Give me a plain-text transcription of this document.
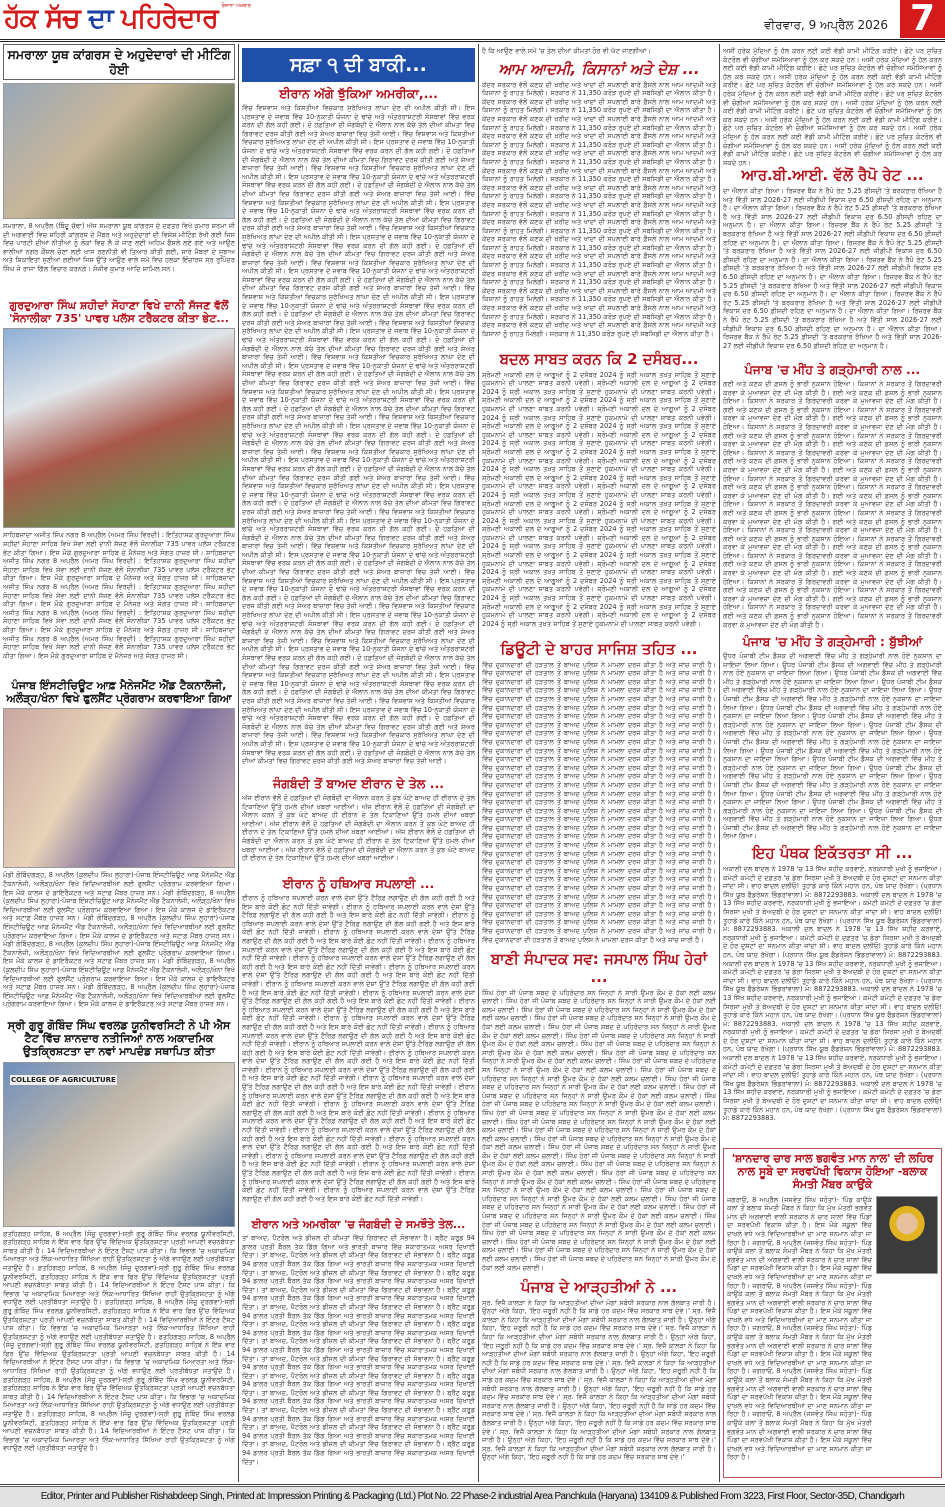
ਹੱਕ ਸੱਚ ਦਾ ਪਹਿਰੇਦਾਰ ਰੋਜ਼ਾਨਾ ਅਖ਼ਬਾਰ
ਵੀਰਵਾਰ, 9 ਅਪ੍ਰੈਲ 2026 7
ਸਮਰਾਲਾ ਯੂਥ ਕਾਂਗਰਸ ਦੇ ਅਹੁਦੇਦਾਰਾਂ ਦੀ ਮੀਟਿੰਗ ਹੋਈ
ਸਮਰਾਲਾ, 8 ਅਪ੍ਰੈਲ (ਬਿੰਦੂ ਚੱਢਾ) ਅੱਜ ਸਮਰਾਲਾ ਯੂਥ ਕਾਂਗਰਸ ਦੇ ਦਫ਼ਤਰ ਵਿਖੇ ਕੁਮਾਰ ਸ਼ਰਮਾ ਜੀ ਦੀ ਅਗਵਾਈ ਵਿਚ ਸ਼ਹਿਰੀ ਕਾਂਗਰਸ ਦੇ ਮੈਂਬਰ ਅਤੇ ਅਹੁਦੇਦਾਰਾਂ ਦੀ ਵਿਸ਼ੇਸ਼ ਮੀਟਿੰਗ ਰੱਖੀ ਗਈ ਜਿਸ ਵਿਚ ਪਾਰਟੀ ਦੀਆਂ ਨੀਤੀਆਂ ਨੂੰ ਲੋਕਾਂ ਵਿਚ ਲੈ ਕੇ ਜਾਣ ਲਈ ਅਹਿਮ ਫੈਸਲੇ ਲਏ ਗਏ ਅਤੇ ਆਉਣ ਵਾਲੀਆਂ ਨਗਰ ਕੌਂਸਲ ਚੋਣਾਂ ਲਈ ਖਾਸ ਰਣਨੀਤੀ ਵੀ ਤਿਆਰ ਕੀਤੀ ਗਈ, ਸਾਰੇ ਮੈਂਬਰਾਂ ਦੇ ਸੁਝਾਅ ਅਤੇ ਸ਼ਿਕਾਇਤਾਂ ਸੁਣੀਆਂ ਗਈਆਂ ਜਿਸ ਉੱਤੇ ਆਉਣ ਵਾਲੇ ਸਮੇਂ ਵਿਚ ਹਲਕਾ ਇੰਚਾਰਜ ਸ੍ਰ ਰੁਪਿੰਦਰ ਸਿੰਘ ਜੋ ਰਾਜਾ ਗਿੱਲ ਵਿਚਾਰ ਕਰਨਗੇ। ਸੰਜੀਵ ਕੁਮਾਰ ਆਦਿ ਸ਼ਾਮਿਲ ਸਨ।
ਗੁਰਦੁਆਰਾ ਸਿੰਘ ਸ਼ਹੀਦਾਂ ਸੋਹਾਣਾ ਵਿਖੇ ਦਾਨੀ ਸੱਜਣ ਵੱਲੋਂ 'ਸੋਨਾਲੀਕਾ 735' ਪਾਵਰ ਪਲੱਸ ਟਰੈਕਟਰ ਕੀਤਾ ਭੇਟ...
ਸਾਹਿਬਜ਼ਾਦਾ ਅਜੀਤ ਸਿੰਘ ਨਗਰ 8 ਅਪ੍ਰੈਲ (ਅਮਰ ਸਿੰਘ ਵਿਰਦੀ) : ਇਤਿਹਾਸਕ ਗੁਰਦੁਆਰਾ ਸਿੰਘ ਸ਼ਹੀਦਾਂ ਸੋਹਾਣਾ ਸਾਹਿਬ ਵਿਖੇ ਸੇਵਾ ਲਈ ਦਾਨੀ ਸੱਜਣ ਵੱਲੋਂ ਸੋਨਾਲੀਕਾ 735 ਪਾਵਰ ਪਲੱਸ ਟਰੈਕਟਰ ਭੇਟ ਕੀਤਾ ਗਿਆ। ਇਸ ਮੌਕੇ ਗੁਰਦੁਆਰਾ ਸਾਹਿਬ ਦੇ ਮੈਨੇਜਰ ਅਤੇ ਸੰਗਤ ਹਾਜ਼ਰ ਸੀ। ਸਾਹਿਬਜ਼ਾਦਾ ਅਜੀਤ ਸਿੰਘ ਨਗਰ 8 ਅਪ੍ਰੈਲ (ਅਮਰ ਸਿੰਘ ਵਿਰਦੀ) : ਇਤਿਹਾਸਕ ਗੁਰਦੁਆਰਾ ਸਿੰਘ ਸ਼ਹੀਦਾਂ ਸੋਹਾਣਾ ਸਾਹਿਬ ਵਿਖੇ ਸੇਵਾ ਲਈ ਦਾਨੀ ਸੱਜਣ ਵੱਲੋਂ ਸੋਨਾਲੀਕਾ 735 ਪਾਵਰ ਪਲੱਸ ਟਰੈਕਟਰ ਭੇਟ ਕੀਤਾ ਗਿਆ। ਇਸ ਮੌਕੇ ਗੁਰਦੁਆਰਾ ਸਾਹਿਬ ਦੇ ਮੈਨੇਜਰ ਅਤੇ ਸੰਗਤ ਹਾਜ਼ਰ ਸੀ। ਸਾਹਿਬਜ਼ਾਦਾ ਅਜੀਤ ਸਿੰਘ ਨਗਰ 8 ਅਪ੍ਰੈਲ (ਅਮਰ ਸਿੰਘ ਵਿਰਦੀ) : ਇਤਿਹਾਸਕ ਗੁਰਦੁਆਰਾ ਸਿੰਘ ਸ਼ਹੀਦਾਂ ਸੋਹਾਣਾ ਸਾਹਿਬ ਵਿਖੇ ਸੇਵਾ ਲਈ ਦਾਨੀ ਸੱਜਣ ਵੱਲੋਂ ਸੋਨਾਲੀਕਾ 735 ਪਾਵਰ ਪਲੱਸ ਟਰੈਕਟਰ ਭੇਟ ਕੀਤਾ ਗਿਆ। ਇਸ ਮੌਕੇ ਗੁਰਦੁਆਰਾ ਸਾਹਿਬ ਦੇ ਮੈਨੇਜਰ ਅਤੇ ਸੰਗਤ ਹਾਜ਼ਰ ਸੀ। ਸਾਹਿਬਜ਼ਾਦਾ ਅਜੀਤ ਸਿੰਘ ਨਗਰ 8 ਅਪ੍ਰੈਲ (ਅਮਰ ਸਿੰਘ ਵਿਰਦੀ) : ਇਤਿਹਾਸਕ ਗੁਰਦੁਆਰਾ ਸਿੰਘ ਸ਼ਹੀਦਾਂ ਸੋਹਾਣਾ ਸਾਹਿਬ ਵਿਖੇ ਸੇਵਾ ਲਈ ਦਾਨੀ ਸੱਜਣ ਵੱਲੋਂ ਸੋਨਾਲੀਕਾ 735 ਪਾਵਰ ਪਲੱਸ ਟਰੈਕਟਰ ਭੇਟ ਕੀਤਾ ਗਿਆ। ਇਸ ਮੌਕੇ ਗੁਰਦੁਆਰਾ ਸਾਹਿਬ ਦੇ ਮੈਨੇਜਰ ਅਤੇ ਸੰਗਤ ਹਾਜ਼ਰ ਸੀ। ਸਾਹਿਬਜ਼ਾਦਾ ਅਜੀਤ ਸਿੰਘ ਨਗਰ 8 ਅਪ੍ਰੈਲ (ਅਮਰ ਸਿੰਘ ਵਿਰਦੀ) : ਇਤਿਹਾਸਕ ਗੁਰਦੁਆਰਾ ਸਿੰਘ ਸ਼ਹੀਦਾਂ ਸੋਹਾਣਾ ਸਾਹਿਬ ਵਿਖੇ ਸੇਵਾ ਲਈ ਦਾਨੀ ਸੱਜਣ ਵੱਲੋਂ ਸੋਨਾਲੀਕਾ 735 ਪਾਵਰ ਪਲੱਸ ਟਰੈਕਟਰ ਭੇਟ ਕੀਤਾ ਗਿਆ। ਇਸ ਮੌਕੇ ਗੁਰਦੁਆਰਾ ਸਾਹਿਬ ਦੇ ਮੈਨੇਜਰ ਅਤੇ ਸੰਗਤ ਹਾਜ਼ਰ ਸੀ।
ਪੰਜਾਬ ਇੰਸਟੀਚਿਊਟ ਆਫ਼ ਮੈਨੇਜਮੈਂਟ ਐਂਡ ਟੈਕਨਾਲੋਜੀ, ਅਲੌੜ੍ਹ/ਖੰਨਾ ਵਿਖੇ ਫੁਲਸੈਂਟ ਪ੍ਰੋਗਰਾਮ ਕਰਵਾਇਆ ਗਿਆ
ਮੰਡੀ ਗੋਬਿੰਦਗੜ੍ਹ, 8 ਅਪ੍ਰੈਲ (ਕੁਲਦੀਪ ਸਿੰਘ ਲੁਹਾਰਾ)-ਪੰਜਾਬ ਇੰਸਟੀਚਿਊਟ ਆਫ਼ ਮੈਨੇਜਮੈਂਟ ਐਂਡ ਟੈਕਨਾਲੋਜੀ, ਅਲੌੜ੍ਹ/ਖੰਨਾ ਵਿਖੇ ਵਿਦਿਆਰਥੀਆਂ ਲਈ ਫੁਲਸੈਂਟ ਪ੍ਰੋਗਰਾਮ ਕਰਵਾਇਆ ਗਿਆ। ਇਸ ਮੌਕੇ ਕਾਲਜ ਦੇ ਡਾਇਰੈਕਟਰ ਅਤੇ ਸਟਾਫ਼ ਮੈਂਬਰ ਹਾਜ਼ਰ ਸਨ। ਮੰਡੀ ਗੋਬਿੰਦਗੜ੍ਹ, 8 ਅਪ੍ਰੈਲ (ਕੁਲਦੀਪ ਸਿੰਘ ਲੁਹਾਰਾ)-ਪੰਜਾਬ ਇੰਸਟੀਚਿਊਟ ਆਫ਼ ਮੈਨੇਜਮੈਂਟ ਐਂਡ ਟੈਕਨਾਲੋਜੀ, ਅਲੌੜ੍ਹ/ਖੰਨਾ ਵਿਖੇ ਵਿਦਿਆਰਥੀਆਂ ਲਈ ਫੁਲਸੈਂਟ ਪ੍ਰੋਗਰਾਮ ਕਰਵਾਇਆ ਗਿਆ। ਇਸ ਮੌਕੇ ਕਾਲਜ ਦੇ ਡਾਇਰੈਕਟਰ ਅਤੇ ਸਟਾਫ਼ ਮੈਂਬਰ ਹਾਜ਼ਰ ਸਨ। ਮੰਡੀ ਗੋਬਿੰਦਗੜ੍ਹ, 8 ਅਪ੍ਰੈਲ (ਕੁਲਦੀਪ ਸਿੰਘ ਲੁਹਾਰਾ)-ਪੰਜਾਬ ਇੰਸਟੀਚਿਊਟ ਆਫ਼ ਮੈਨੇਜਮੈਂਟ ਐਂਡ ਟੈਕਨਾਲੋਜੀ, ਅਲੌੜ੍ਹ/ਖੰਨਾ ਵਿਖੇ ਵਿਦਿਆਰਥੀਆਂ ਲਈ ਫੁਲਸੈਂਟ ਪ੍ਰੋਗਰਾਮ ਕਰਵਾਇਆ ਗਿਆ। ਇਸ ਮੌਕੇ ਕਾਲਜ ਦੇ ਡਾਇਰੈਕਟਰ ਅਤੇ ਸਟਾਫ਼ ਮੈਂਬਰ ਹਾਜ਼ਰ ਸਨ। ਮੰਡੀ ਗੋਬਿੰਦਗੜ੍ਹ, 8 ਅਪ੍ਰੈਲ (ਕੁਲਦੀਪ ਸਿੰਘ ਲੁਹਾਰਾ)-ਪੰਜਾਬ ਇੰਸਟੀਚਿਊਟ ਆਫ਼ ਮੈਨੇਜਮੈਂਟ ਐਂਡ ਟੈਕਨਾਲੋਜੀ, ਅਲੌੜ੍ਹ/ਖੰਨਾ ਵਿਖੇ ਵਿਦਿਆਰਥੀਆਂ ਲਈ ਫੁਲਸੈਂਟ ਪ੍ਰੋਗਰਾਮ ਕਰਵਾਇਆ ਗਿਆ। ਇਸ ਮੌਕੇ ਕਾਲਜ ਦੇ ਡਾਇਰੈਕਟਰ ਅਤੇ ਸਟਾਫ਼ ਮੈਂਬਰ ਹਾਜ਼ਰ ਸਨ। ਮੰਡੀ ਗੋਬਿੰਦਗੜ੍ਹ, 8 ਅਪ੍ਰੈਲ (ਕੁਲਦੀਪ ਸਿੰਘ ਲੁਹਾਰਾ)-ਪੰਜਾਬ ਇੰਸਟੀਚਿਊਟ ਆਫ਼ ਮੈਨੇਜਮੈਂਟ ਐਂਡ ਟੈਕਨਾਲੋਜੀ, ਅਲੌੜ੍ਹ/ਖੰਨਾ ਵਿਖੇ ਵਿਦਿਆਰਥੀਆਂ ਲਈ ਫੁਲਸੈਂਟ ਪ੍ਰੋਗਰਾਮ ਕਰਵਾਇਆ ਗਿਆ। ਇਸ ਮੌਕੇ ਕਾਲਜ ਦੇ ਡਾਇਰੈਕਟਰ ਅਤੇ ਸਟਾਫ਼ ਮੈਂਬਰ ਹਾਜ਼ਰ ਸਨ। ਮੰਡੀ ਗੋਬਿੰਦਗੜ੍ਹ, 8 ਅਪ੍ਰੈਲ (ਕੁਲਦੀਪ ਸਿੰਘ ਲੁਹਾਰਾ)-ਪੰਜਾਬ ਇੰਸਟੀਚਿਊਟ ਆਫ਼ ਮੈਨੇਜਮੈਂਟ ਐਂਡ ਟੈਕਨਾਲੋਜੀ, ਅਲੌੜ੍ਹ/ਖੰਨਾ ਵਿਖੇ ਵਿਦਿਆਰਥੀਆਂ ਲਈ ਫੁਲਸੈਂਟ ਪ੍ਰੋਗਰਾਮ ਕਰਵਾਇਆ ਗਿਆ। ਇਸ ਮੌਕੇ ਕਾਲਜ ਦੇ ਡਾਇਰੈਕਟਰ ਅਤੇ ਸਟਾਫ਼ ਮੈਂਬਰ ਹਾਜ਼ਰ ਸਨ।
ਸ੍ਰੀ ਗੁਰੂ ਗੋਬਿੰਦ ਸਿੰਘ ਵਰਲਡ ਯੂਨੀਵਰਸਿਟੀ ਨੇ ਪੀ ਐਸ ਟੈਟ ਵਿੱਚ ਸ਼ਾਨਦਾਰ ਨਤੀਜਿਆਂ ਨਾਲ ਅਕਾਦਮਿਕ ਉਤਕ੍ਰਿਸ਼ਟਤਾ ਦਾ ਨਵਾਂ ਮਾਪਦੰਡ ਸਥਾਪਿਤ ਕੀਤਾ
COLLEGE OF AGRICULTURE
ਫ਼ਤਹਿਗੜ੍ਹ ਸਾਹਿਬ, 8 ਅਪ੍ਰੈਲ (ਸੰਜੂ ਦੁਰਗਵਾ)-ਸ੍ਰੀ ਗੁਰੂ ਗੋਬਿੰਦ ਸਿੰਘ ਵਰਲਡ ਯੂਨੀਵਰਸਿਟੀ, ਫ਼ਤਹਿਗੜ੍ਹ ਸਾਹਿਬ ਨੇ ਇੱਕ ਵਾਰ ਫਿਰ ਉੱਚ ਵਿੱਦਿਅਕ ਉਤਕ੍ਰਿਸ਼ਟਤਾ ਪ੍ਰਤੀ ਆਪਣੀ ਵਚਨਬੱਧਤਾ ਸਾਬਤ ਕੀਤੀ ਹੈ। 14 ਵਿਦਿਆਰਥੀਆਂ ਨੇ ਇੰਟਰ ਟੈਸਟ ਪਾਸ ਕੀਤਾ। ਕਿ ਵਿਭਾਗ 'ਚ ਅਕਾਦਮਿਕ ਮਿਆਰਤਾ ਅਤੇ ਲਿੰਕ-ਆਧਾਰਿਤ ਸਿੱਖਿਆ ਰਾਹੀਂ ਉਤਕ੍ਰਿਸ਼ਟਤਾ ਨੂੰ ਅੱਗੇ ਵਧਾਉਣ ਲਈ ਪ੍ਰਤੀਬੱਧਤਾ ਜਤਾਉਂਦੇ ਹੈ। ਫ਼ਤਹਿਗੜ੍ਹ ਸਾਹਿਬ, 8 ਅਪ੍ਰੈਲ (ਸੰਜੂ ਦੁਰਗਵਾ)-ਸ੍ਰੀ ਗੁਰੂ ਗੋਬਿੰਦ ਸਿੰਘ ਵਰਲਡ ਯੂਨੀਵਰਸਿਟੀ, ਫ਼ਤਹਿਗੜ੍ਹ ਸਾਹਿਬ ਨੇ ਇੱਕ ਵਾਰ ਫਿਰ ਉੱਚ ਵਿੱਦਿਅਕ ਉਤਕ੍ਰਿਸ਼ਟਤਾ ਪ੍ਰਤੀ ਆਪਣੀ ਵਚਨਬੱਧਤਾ ਸਾਬਤ ਕੀਤੀ ਹੈ। 14 ਵਿਦਿਆਰਥੀਆਂ ਨੇ ਇੰਟਰ ਟੈਸਟ ਪਾਸ ਕੀਤਾ। ਕਿ ਵਿਭਾਗ 'ਚ ਅਕਾਦਮਿਕ ਮਿਆਰਤਾ ਅਤੇ ਲਿੰਕ-ਆਧਾਰਿਤ ਸਿੱਖਿਆ ਰਾਹੀਂ ਉਤਕ੍ਰਿਸ਼ਟਤਾ ਨੂੰ ਅੱਗੇ ਵਧਾਉਣ ਲਈ ਪ੍ਰਤੀਬੱਧਤਾ ਜਤਾਉਂਦੇ ਹੈ। ਫ਼ਤਹਿਗੜ੍ਹ ਸਾਹਿਬ, 8 ਅਪ੍ਰੈਲ (ਸੰਜੂ ਦੁਰਗਵਾ)-ਸ੍ਰੀ ਗੁਰੂ ਗੋਬਿੰਦ ਸਿੰਘ ਵਰਲਡ ਯੂਨੀਵਰਸਿਟੀ, ਫ਼ਤਹਿਗੜ੍ਹ ਸਾਹਿਬ ਨੇ ਇੱਕ ਵਾਰ ਫਿਰ ਉੱਚ ਵਿੱਦਿਅਕ ਉਤਕ੍ਰਿਸ਼ਟਤਾ ਪ੍ਰਤੀ ਆਪਣੀ ਵਚਨਬੱਧਤਾ ਸਾਬਤ ਕੀਤੀ ਹੈ। 14 ਵਿਦਿਆਰਥੀਆਂ ਨੇ ਇੰਟਰ ਟੈਸਟ ਪਾਸ ਕੀਤਾ। ਕਿ ਵਿਭਾਗ 'ਚ ਅਕਾਦਮਿਕ ਮਿਆਰਤਾ ਅਤੇ ਲਿੰਕ-ਆਧਾਰਿਤ ਸਿੱਖਿਆ ਰਾਹੀਂ ਉਤਕ੍ਰਿਸ਼ਟਤਾ ਨੂੰ ਅੱਗੇ ਵਧਾਉਣ ਲਈ ਪ੍ਰਤੀਬੱਧਤਾ ਜਤਾਉਂਦੇ ਹੈ। ਫ਼ਤਹਿਗੜ੍ਹ ਸਾਹਿਬ, 8 ਅਪ੍ਰੈਲ (ਸੰਜੂ ਦੁਰਗਵਾ)-ਸ੍ਰੀ ਗੁਰੂ ਗੋਬਿੰਦ ਸਿੰਘ ਵਰਲਡ ਯੂਨੀਵਰਸਿਟੀ, ਫ਼ਤਹਿਗੜ੍ਹ ਸਾਹਿਬ ਨੇ ਇੱਕ ਵਾਰ ਫਿਰ ਉੱਚ ਵਿੱਦਿਅਕ ਉਤਕ੍ਰਿਸ਼ਟਤਾ ਪ੍ਰਤੀ ਆਪਣੀ ਵਚਨਬੱਧਤਾ ਸਾਬਤ ਕੀਤੀ ਹੈ। 14 ਵਿਦਿਆਰਥੀਆਂ ਨੇ ਇੰਟਰ ਟੈਸਟ ਪਾਸ ਕੀਤਾ। ਕਿ ਵਿਭਾਗ 'ਚ ਅਕਾਦਮਿਕ ਮਿਆਰਤਾ ਅਤੇ ਲਿੰਕ-ਆਧਾਰਿਤ ਸਿੱਖਿਆ ਰਾਹੀਂ ਉਤਕ੍ਰਿਸ਼ਟਤਾ ਨੂੰ ਅੱਗੇ ਵਧਾਉਣ ਲਈ ਪ੍ਰਤੀਬੱਧਤਾ ਜਤਾਉਂਦੇ ਹੈ। ਫ਼ਤਹਿਗੜ੍ਹ ਸਾਹਿਬ, 8 ਅਪ੍ਰੈਲ (ਸੰਜੂ ਦੁਰਗਵਾ)-ਸ੍ਰੀ ਗੁਰੂ ਗੋਬਿੰਦ ਸਿੰਘ ਵਰਲਡ ਯੂਨੀਵਰਸਿਟੀ, ਫ਼ਤਹਿਗੜ੍ਹ ਸਾਹਿਬ ਨੇ ਇੱਕ ਵਾਰ ਫਿਰ ਉੱਚ ਵਿੱਦਿਅਕ ਉਤਕ੍ਰਿਸ਼ਟਤਾ ਪ੍ਰਤੀ ਆਪਣੀ ਵਚਨਬੱਧਤਾ ਸਾਬਤ ਕੀਤੀ ਹੈ। 14 ਵਿਦਿਆਰਥੀਆਂ ਨੇ ਇੰਟਰ ਟੈਸਟ ਪਾਸ ਕੀਤਾ। ਕਿ ਵਿਭਾਗ 'ਚ ਅਕਾਦਮਿਕ ਮਿਆਰਤਾ ਅਤੇ ਲਿੰਕ-ਆਧਾਰਿਤ ਸਿੱਖਿਆ ਰਾਹੀਂ ਉਤਕ੍ਰਿਸ਼ਟਤਾ ਨੂੰ ਅੱਗੇ ਵਧਾਉਣ ਲਈ ਪ੍ਰਤੀਬੱਧਤਾ ਜਤਾਉਂਦੇ ਹੈ। ਫ਼ਤਹਿਗੜ੍ਹ ਸਾਹਿਬ, 8 ਅਪ੍ਰੈਲ (ਸੰਜੂ ਦੁਰਗਵਾ)-ਸ੍ਰੀ ਗੁਰੂ ਗੋਬਿੰਦ ਸਿੰਘ ਵਰਲਡ ਯੂਨੀਵਰਸਿਟੀ, ਫ਼ਤਹਿਗੜ੍ਹ ਸਾਹਿਬ ਨੇ ਇੱਕ ਵਾਰ ਫਿਰ ਉੱਚ ਵਿੱਦਿਅਕ ਉਤਕ੍ਰਿਸ਼ਟਤਾ ਪ੍ਰਤੀ ਆਪਣੀ ਵਚਨਬੱਧਤਾ ਸਾਬਤ ਕੀਤੀ ਹੈ। 14 ਵਿਦਿਆਰਥੀਆਂ ਨੇ ਇੰਟਰ ਟੈਸਟ ਪਾਸ ਕੀਤਾ। ਕਿ ਵਿਭਾਗ 'ਚ ਅਕਾਦਮਿਕ ਮਿਆਰਤਾ ਅਤੇ ਲਿੰਕ-ਆਧਾਰਿਤ ਸਿੱਖਿਆ ਰਾਹੀਂ ਉਤਕ੍ਰਿਸ਼ਟਤਾ ਨੂੰ ਅੱਗੇ ਵਧਾਉਣ ਲਈ ਪ੍ਰਤੀਬੱਧਤਾ ਜਤਾਉਂਦੇ ਹੈ।
ਸਫ਼ਾ ੧ ਦੀ ਬਾਕੀ...
ਈਰਾਨ ਅੱਗੇ ਝੁੱਕਿਆ ਅਮਰੀਕਾ,...
ਵਿੱਚ ਵਿਸ਼ਵਾਸ ਅਤੇ ਕਿਸ਼ਤੀਆਂ ਵਿਚਕਾਰ ਸੁਰੱਖਿਅਤ ਲਾਂਘਾ ਦੇਣ ਦੀ ਅਪੀਲ ਕੀਤੀ ਸੀ। ਇਸ ਪ੍ਰਸਤਾਵ ਦੇ ਜਵਾਬ ਵਿੱਚ 10-ਨੁਕਾਤੀ ਯੋਜਨਾ ਦੇ ਢਾਂਚੇ ਅਤੇ ਅੰਤਰਰਾਸ਼ਟਰੀ ਸੰਸਥਾਵਾਂ ਵਿੱਚ ਵਰਕ ਕਰਨ ਦੀ ਗੱਲ ਕਹੀ ਗਈ। ਦੋ ਹਫ਼ਤਿਆਂ ਦੀ ਜੰਗਬੰਦੀ ਦੇ ਐਲਾਨ ਨਾਲ ਕੱਚੇ ਤੇਲ ਦੀਆਂ ਕੀਮਤਾਂ ਵਿਚ ਗਿਰਾਵਟ ਦਰਜ ਕੀਤੀ ਗਈ ਅਤੇ ਸ਼ੇਅਰ ਬਾਜ਼ਾਰਾਂ ਵਿਚ ਤੇਜ਼ੀ ਆਈ। ਵਿੱਚ ਵਿਸ਼ਵਾਸ ਅਤੇ ਕਿਸ਼ਤੀਆਂ ਵਿਚਕਾਰ ਸੁਰੱਖਿਅਤ ਲਾਂਘਾ ਦੇਣ ਦੀ ਅਪੀਲ ਕੀਤੀ ਸੀ। ਇਸ ਪ੍ਰਸਤਾਵ ਦੇ ਜਵਾਬ ਵਿੱਚ 10-ਨੁਕਾਤੀ ਯੋਜਨਾ ਦੇ ਢਾਂਚੇ ਅਤੇ ਅੰਤਰਰਾਸ਼ਟਰੀ ਸੰਸਥਾਵਾਂ ਵਿੱਚ ਵਰਕ ਕਰਨ ਦੀ ਗੱਲ ਕਹੀ ਗਈ। ਦੋ ਹਫ਼ਤਿਆਂ ਦੀ ਜੰਗਬੰਦੀ ਦੇ ਐਲਾਨ ਨਾਲ ਕੱਚੇ ਤੇਲ ਦੀਆਂ ਕੀਮਤਾਂ ਵਿਚ ਗਿਰਾਵਟ ਦਰਜ ਕੀਤੀ ਗਈ ਅਤੇ ਸ਼ੇਅਰ ਬਾਜ਼ਾਰਾਂ ਵਿਚ ਤੇਜ਼ੀ ਆਈ। ਵਿੱਚ ਵਿਸ਼ਵਾਸ ਅਤੇ ਕਿਸ਼ਤੀਆਂ ਵਿਚਕਾਰ ਸੁਰੱਖਿਅਤ ਲਾਂਘਾ ਦੇਣ ਦੀ ਅਪੀਲ ਕੀਤੀ ਸੀ। ਇਸ ਪ੍ਰਸਤਾਵ ਦੇ ਜਵਾਬ ਵਿੱਚ 10-ਨੁਕਾਤੀ ਯੋਜਨਾ ਦੇ ਢਾਂਚੇ ਅਤੇ ਅੰਤਰਰਾਸ਼ਟਰੀ ਸੰਸਥਾਵਾਂ ਵਿੱਚ ਵਰਕ ਕਰਨ ਦੀ ਗੱਲ ਕਹੀ ਗਈ। ਦੋ ਹਫ਼ਤਿਆਂ ਦੀ ਜੰਗਬੰਦੀ ਦੇ ਐਲਾਨ ਨਾਲ ਕੱਚੇ ਤੇਲ ਦੀਆਂ ਕੀਮਤਾਂ ਵਿਚ ਗਿਰਾਵਟ ਦਰਜ ਕੀਤੀ ਗਈ ਅਤੇ ਸ਼ੇਅਰ ਬਾਜ਼ਾਰਾਂ ਵਿਚ ਤੇਜ਼ੀ ਆਈ। ਵਿੱਚ ਵਿਸ਼ਵਾਸ ਅਤੇ ਕਿਸ਼ਤੀਆਂ ਵਿਚਕਾਰ ਸੁਰੱਖਿਅਤ ਲਾਂਘਾ ਦੇਣ ਦੀ ਅਪੀਲ ਕੀਤੀ ਸੀ। ਇਸ ਪ੍ਰਸਤਾਵ ਦੇ ਜਵਾਬ ਵਿੱਚ 10-ਨੁਕਾਤੀ ਯੋਜਨਾ ਦੇ ਢਾਂਚੇ ਅਤੇ ਅੰਤਰਰਾਸ਼ਟਰੀ ਸੰਸਥਾਵਾਂ ਵਿੱਚ ਵਰਕ ਕਰਨ ਦੀ ਗੱਲ ਕਹੀ ਗਈ। ਦੋ ਹਫ਼ਤਿਆਂ ਦੀ ਜੰਗਬੰਦੀ ਦੇ ਐਲਾਨ ਨਾਲ ਕੱਚੇ ਤੇਲ ਦੀਆਂ ਕੀਮਤਾਂ ਵਿਚ ਗਿਰਾਵਟ ਦਰਜ ਕੀਤੀ ਗਈ ਅਤੇ ਸ਼ੇਅਰ ਬਾਜ਼ਾਰਾਂ ਵਿਚ ਤੇਜ਼ੀ ਆਈ। ਵਿੱਚ ਵਿਸ਼ਵਾਸ ਅਤੇ ਕਿਸ਼ਤੀਆਂ ਵਿਚਕਾਰ ਸੁਰੱਖਿਅਤ ਲਾਂਘਾ ਦੇਣ ਦੀ ਅਪੀਲ ਕੀਤੀ ਸੀ। ਇਸ ਪ੍ਰਸਤਾਵ ਦੇ ਜਵਾਬ ਵਿੱਚ 10-ਨੁਕਾਤੀ ਯੋਜਨਾ ਦੇ ਢਾਂਚੇ ਅਤੇ ਅੰਤਰਰਾਸ਼ਟਰੀ ਸੰਸਥਾਵਾਂ ਵਿੱਚ ਵਰਕ ਕਰਨ ਦੀ ਗੱਲ ਕਹੀ ਗਈ। ਦੋ ਹਫ਼ਤਿਆਂ ਦੀ ਜੰਗਬੰਦੀ ਦੇ ਐਲਾਨ ਨਾਲ ਕੱਚੇ ਤੇਲ ਦੀਆਂ ਕੀਮਤਾਂ ਵਿਚ ਗਿਰਾਵਟ ਦਰਜ ਕੀਤੀ ਗਈ ਅਤੇ ਸ਼ੇਅਰ ਬਾਜ਼ਾਰਾਂ ਵਿਚ ਤੇਜ਼ੀ ਆਈ। ਵਿੱਚ ਵਿਸ਼ਵਾਸ ਅਤੇ ਕਿਸ਼ਤੀਆਂ ਵਿਚਕਾਰ ਸੁਰੱਖਿਅਤ ਲਾਂਘਾ ਦੇਣ ਦੀ ਅਪੀਲ ਕੀਤੀ ਸੀ। ਇਸ ਪ੍ਰਸਤਾਵ ਦੇ ਜਵਾਬ ਵਿੱਚ 10-ਨੁਕਾਤੀ ਯੋਜਨਾ ਦੇ ਢਾਂਚੇ ਅਤੇ ਅੰਤਰਰਾਸ਼ਟਰੀ ਸੰਸਥਾਵਾਂ ਵਿੱਚ ਵਰਕ ਕਰਨ ਦੀ ਗੱਲ ਕਹੀ ਗਈ। ਦੋ ਹਫ਼ਤਿਆਂ ਦੀ ਜੰਗਬੰਦੀ ਦੇ ਐਲਾਨ ਨਾਲ ਕੱਚੇ ਤੇਲ ਦੀਆਂ ਕੀਮਤਾਂ ਵਿਚ ਗਿਰਾਵਟ ਦਰਜ ਕੀਤੀ ਗਈ ਅਤੇ ਸ਼ੇਅਰ ਬਾਜ਼ਾਰਾਂ ਵਿਚ ਤੇਜ਼ੀ ਆਈ। ਵਿੱਚ ਵਿਸ਼ਵਾਸ ਅਤੇ ਕਿਸ਼ਤੀਆਂ ਵਿਚਕਾਰ ਸੁਰੱਖਿਅਤ ਲਾਂਘਾ ਦੇਣ ਦੀ ਅਪੀਲ ਕੀਤੀ ਸੀ। ਇਸ ਪ੍ਰਸਤਾਵ ਦੇ ਜਵਾਬ ਵਿੱਚ 10-ਨੁਕਾਤੀ ਯੋਜਨਾ ਦੇ ਢਾਂਚੇ ਅਤੇ ਅੰਤਰਰਾਸ਼ਟਰੀ ਸੰਸਥਾਵਾਂ ਵਿੱਚ ਵਰਕ ਕਰਨ ਦੀ ਗੱਲ ਕਹੀ ਗਈ। ਦੋ ਹਫ਼ਤਿਆਂ ਦੀ ਜੰਗਬੰਦੀ ਦੇ ਐਲਾਨ ਨਾਲ ਕੱਚੇ ਤੇਲ ਦੀਆਂ ਕੀਮਤਾਂ ਵਿਚ ਗਿਰਾਵਟ ਦਰਜ ਕੀਤੀ ਗਈ ਅਤੇ ਸ਼ੇਅਰ ਬਾਜ਼ਾਰਾਂ ਵਿਚ ਤੇਜ਼ੀ ਆਈ। ਵਿੱਚ ਵਿਸ਼ਵਾਸ ਅਤੇ ਕਿਸ਼ਤੀਆਂ ਵਿਚਕਾਰ ਸੁਰੱਖਿਅਤ ਲਾਂਘਾ ਦੇਣ ਦੀ ਅਪੀਲ ਕੀਤੀ ਸੀ। ਇਸ ਪ੍ਰਸਤਾਵ ਦੇ ਜਵਾਬ ਵਿੱਚ 10-ਨੁਕਾਤੀ ਯੋਜਨਾ ਦੇ ਢਾਂਚੇ ਅਤੇ ਅੰਤਰਰਾਸ਼ਟਰੀ ਸੰਸਥਾਵਾਂ ਵਿੱਚ ਵਰਕ ਕਰਨ ਦੀ ਗੱਲ ਕਹੀ ਗਈ। ਦੋ ਹਫ਼ਤਿਆਂ ਦੀ ਜੰਗਬੰਦੀ ਦੇ ਐਲਾਨ ਨਾਲ ਕੱਚੇ ਤੇਲ ਦੀਆਂ ਕੀਮਤਾਂ ਵਿਚ ਗਿਰਾਵਟ ਦਰਜ ਕੀਤੀ ਗਈ ਅਤੇ ਸ਼ੇਅਰ ਬਾਜ਼ਾਰਾਂ ਵਿਚ ਤੇਜ਼ੀ ਆਈ। ਵਿੱਚ ਵਿਸ਼ਵਾਸ ਅਤੇ ਕਿਸ਼ਤੀਆਂ ਵਿਚਕਾਰ ਸੁਰੱਖਿਅਤ ਲਾਂਘਾ ਦੇਣ ਦੀ ਅਪੀਲ ਕੀਤੀ ਸੀ। ਇਸ ਪ੍ਰਸਤਾਵ ਦੇ ਜਵਾਬ ਵਿੱਚ 10-ਨੁਕਾਤੀ ਯੋਜਨਾ ਦੇ ਢਾਂਚੇ ਅਤੇ ਅੰਤਰਰਾਸ਼ਟਰੀ ਸੰਸਥਾਵਾਂ ਵਿੱਚ ਵਰਕ ਕਰਨ ਦੀ ਗੱਲ ਕਹੀ ਗਈ। ਦੋ ਹਫ਼ਤਿਆਂ ਦੀ ਜੰਗਬੰਦੀ ਦੇ ਐਲਾਨ ਨਾਲ ਕੱਚੇ ਤੇਲ ਦੀਆਂ ਕੀਮਤਾਂ ਵਿਚ ਗਿਰਾਵਟ ਦਰਜ ਕੀਤੀ ਗਈ ਅਤੇ ਸ਼ੇਅਰ ਬਾਜ਼ਾਰਾਂ ਵਿਚ ਤੇਜ਼ੀ ਆਈ। ਵਿੱਚ ਵਿਸ਼ਵਾਸ ਅਤੇ ਕਿਸ਼ਤੀਆਂ ਵਿਚਕਾਰ ਸੁਰੱਖਿਅਤ ਲਾਂਘਾ ਦੇਣ ਦੀ ਅਪੀਲ ਕੀਤੀ ਸੀ। ਇਸ ਪ੍ਰਸਤਾਵ ਦੇ ਜਵਾਬ ਵਿੱਚ 10-ਨੁਕਾਤੀ ਯੋਜਨਾ ਦੇ ਢਾਂਚੇ ਅਤੇ ਅੰਤਰਰਾਸ਼ਟਰੀ ਸੰਸਥਾਵਾਂ ਵਿੱਚ ਵਰਕ ਕਰਨ ਦੀ ਗੱਲ ਕਹੀ ਗਈ। ਦੋ ਹਫ਼ਤਿਆਂ ਦੀ ਜੰਗਬੰਦੀ ਦੇ ਐਲਾਨ ਨਾਲ ਕੱਚੇ ਤੇਲ ਦੀਆਂ ਕੀਮਤਾਂ ਵਿਚ ਗਿਰਾਵਟ ਦਰਜ ਕੀਤੀ ਗਈ ਅਤੇ ਸ਼ੇਅਰ ਬਾਜ਼ਾਰਾਂ ਵਿਚ ਤੇਜ਼ੀ ਆਈ। ਵਿੱਚ ਵਿਸ਼ਵਾਸ ਅਤੇ ਕਿਸ਼ਤੀਆਂ ਵਿਚਕਾਰ ਸੁਰੱਖਿਅਤ ਲਾਂਘਾ ਦੇਣ ਦੀ ਅਪੀਲ ਕੀਤੀ ਸੀ। ਇਸ ਪ੍ਰਸਤਾਵ ਦੇ ਜਵਾਬ ਵਿੱਚ 10-ਨੁਕਾਤੀ ਯੋਜਨਾ ਦੇ ਢਾਂਚੇ ਅਤੇ ਅੰਤਰਰਾਸ਼ਟਰੀ ਸੰਸਥਾਵਾਂ ਵਿੱਚ ਵਰਕ ਕਰਨ ਦੀ ਗੱਲ ਕਹੀ ਗਈ। ਦੋ ਹਫ਼ਤਿਆਂ ਦੀ ਜੰਗਬੰਦੀ ਦੇ ਐਲਾਨ ਨਾਲ ਕੱਚੇ ਤੇਲ ਦੀਆਂ ਕੀਮਤਾਂ ਵਿਚ ਗਿਰਾਵਟ ਦਰਜ ਕੀਤੀ ਗਈ ਅਤੇ ਸ਼ੇਅਰ ਬਾਜ਼ਾਰਾਂ ਵਿਚ ਤੇਜ਼ੀ ਆਈ। ਵਿੱਚ ਵਿਸ਼ਵਾਸ ਅਤੇ ਕਿਸ਼ਤੀਆਂ ਵਿਚਕਾਰ ਸੁਰੱਖਿਅਤ ਲਾਂਘਾ ਦੇਣ ਦੀ ਅਪੀਲ ਕੀਤੀ ਸੀ। ਇਸ ਪ੍ਰਸਤਾਵ ਦੇ ਜਵਾਬ ਵਿੱਚ 10-ਨੁਕਾਤੀ ਯੋਜਨਾ ਦੇ ਢਾਂਚੇ ਅਤੇ ਅੰਤਰਰਾਸ਼ਟਰੀ ਸੰਸਥਾਵਾਂ ਵਿੱਚ ਵਰਕ ਕਰਨ ਦੀ ਗੱਲ ਕਹੀ ਗਈ। ਦੋ ਹਫ਼ਤਿਆਂ ਦੀ ਜੰਗਬੰਦੀ ਦੇ ਐਲਾਨ ਨਾਲ ਕੱਚੇ ਤੇਲ ਦੀਆਂ ਕੀਮਤਾਂ ਵਿਚ ਗਿਰਾਵਟ ਦਰਜ ਕੀਤੀ ਗਈ ਅਤੇ ਸ਼ੇਅਰ ਬਾਜ਼ਾਰਾਂ ਵਿਚ ਤੇਜ਼ੀ ਆਈ। ਵਿੱਚ ਵਿਸ਼ਵਾਸ ਅਤੇ ਕਿਸ਼ਤੀਆਂ ਵਿਚਕਾਰ ਸੁਰੱਖਿਅਤ ਲਾਂਘਾ ਦੇਣ ਦੀ ਅਪੀਲ ਕੀਤੀ ਸੀ। ਇਸ ਪ੍ਰਸਤਾਵ ਦੇ ਜਵਾਬ ਵਿੱਚ 10-ਨੁਕਾਤੀ ਯੋਜਨਾ ਦੇ ਢਾਂਚੇ ਅਤੇ ਅੰਤਰਰਾਸ਼ਟਰੀ ਸੰਸਥਾਵਾਂ ਵਿੱਚ ਵਰਕ ਕਰਨ ਦੀ ਗੱਲ ਕਹੀ ਗਈ। ਦੋ ਹਫ਼ਤਿਆਂ ਦੀ ਜੰਗਬੰਦੀ ਦੇ ਐਲਾਨ ਨਾਲ ਕੱਚੇ ਤੇਲ ਦੀਆਂ ਕੀਮਤਾਂ ਵਿਚ ਗਿਰਾਵਟ ਦਰਜ ਕੀਤੀ ਗਈ ਅਤੇ ਸ਼ੇਅਰ ਬਾਜ਼ਾਰਾਂ ਵਿਚ ਤੇਜ਼ੀ ਆਈ। ਵਿੱਚ ਵਿਸ਼ਵਾਸ ਅਤੇ ਕਿਸ਼ਤੀਆਂ ਵਿਚਕਾਰ ਸੁਰੱਖਿਅਤ ਲਾਂਘਾ ਦੇਣ ਦੀ ਅਪੀਲ ਕੀਤੀ ਸੀ। ਇਸ ਪ੍ਰਸਤਾਵ ਦੇ ਜਵਾਬ ਵਿੱਚ 10-ਨੁਕਾਤੀ ਯੋਜਨਾ ਦੇ ਢਾਂਚੇ ਅਤੇ ਅੰਤਰਰਾਸ਼ਟਰੀ ਸੰਸਥਾਵਾਂ ਵਿੱਚ ਵਰਕ ਕਰਨ ਦੀ ਗੱਲ ਕਹੀ ਗਈ। ਦੋ ਹਫ਼ਤਿਆਂ ਦੀ ਜੰਗਬੰਦੀ ਦੇ ਐਲਾਨ ਨਾਲ ਕੱਚੇ ਤੇਲ ਦੀਆਂ ਕੀਮਤਾਂ ਵਿਚ ਗਿਰਾਵਟ ਦਰਜ ਕੀਤੀ ਗਈ ਅਤੇ ਸ਼ੇਅਰ ਬਾਜ਼ਾਰਾਂ ਵਿਚ ਤੇਜ਼ੀ ਆਈ। ਵਿੱਚ ਵਿਸ਼ਵਾਸ ਅਤੇ ਕਿਸ਼ਤੀਆਂ ਵਿਚਕਾਰ ਸੁਰੱਖਿਅਤ ਲਾਂਘਾ ਦੇਣ ਦੀ ਅਪੀਲ ਕੀਤੀ ਸੀ। ਇਸ ਪ੍ਰਸਤਾਵ ਦੇ ਜਵਾਬ ਵਿੱਚ 10-ਨੁਕਾਤੀ ਯੋਜਨਾ ਦੇ ਢਾਂਚੇ ਅਤੇ ਅੰਤਰਰਾਸ਼ਟਰੀ ਸੰਸਥਾਵਾਂ ਵਿੱਚ ਵਰਕ ਕਰਨ ਦੀ ਗੱਲ ਕਹੀ ਗਈ। ਦੋ ਹਫ਼ਤਿਆਂ ਦੀ ਜੰਗਬੰਦੀ ਦੇ ਐਲਾਨ ਨਾਲ ਕੱਚੇ ਤੇਲ ਦੀਆਂ ਕੀਮਤਾਂ ਵਿਚ ਗਿਰਾਵਟ ਦਰਜ ਕੀਤੀ ਗਈ ਅਤੇ ਸ਼ੇਅਰ ਬਾਜ਼ਾਰਾਂ ਵਿਚ ਤੇਜ਼ੀ ਆਈ। ਵਿੱਚ ਵਿਸ਼ਵਾਸ ਅਤੇ ਕਿਸ਼ਤੀਆਂ ਵਿਚਕਾਰ ਸੁਰੱਖਿਅਤ ਲਾਂਘਾ ਦੇਣ ਦੀ ਅਪੀਲ ਕੀਤੀ ਸੀ। ਇਸ ਪ੍ਰਸਤਾਵ ਦੇ ਜਵਾਬ ਵਿੱਚ 10-ਨੁਕਾਤੀ ਯੋਜਨਾ ਦੇ ਢਾਂਚੇ ਅਤੇ ਅੰਤਰਰਾਸ਼ਟਰੀ ਸੰਸਥਾਵਾਂ ਵਿੱਚ ਵਰਕ ਕਰਨ ਦੀ ਗੱਲ ਕਹੀ ਗਈ। ਦੋ ਹਫ਼ਤਿਆਂ ਦੀ ਜੰਗਬੰਦੀ ਦੇ ਐਲਾਨ ਨਾਲ ਕੱਚੇ ਤੇਲ ਦੀਆਂ ਕੀਮਤਾਂ ਵਿਚ ਗਿਰਾਵਟ ਦਰਜ ਕੀਤੀ ਗਈ ਅਤੇ ਸ਼ੇਅਰ ਬਾਜ਼ਾਰਾਂ ਵਿਚ ਤੇਜ਼ੀ ਆਈ। ਵਿੱਚ ਵਿਸ਼ਵਾਸ ਅਤੇ ਕਿਸ਼ਤੀਆਂ ਵਿਚਕਾਰ ਸੁਰੱਖਿਅਤ ਲਾਂਘਾ ਦੇਣ ਦੀ ਅਪੀਲ ਕੀਤੀ ਸੀ। ਇਸ ਪ੍ਰਸਤਾਵ ਦੇ ਜਵਾਬ ਵਿੱਚ 10-ਨੁਕਾਤੀ ਯੋਜਨਾ ਦੇ ਢਾਂਚੇ ਅਤੇ ਅੰਤਰਰਾਸ਼ਟਰੀ ਸੰਸਥਾਵਾਂ ਵਿੱਚ ਵਰਕ ਕਰਨ ਦੀ ਗੱਲ ਕਹੀ ਗਈ। ਦੋ ਹਫ਼ਤਿਆਂ ਦੀ ਜੰਗਬੰਦੀ ਦੇ ਐਲਾਨ ਨਾਲ ਕੱਚੇ ਤੇਲ ਦੀਆਂ ਕੀਮਤਾਂ ਵਿਚ ਗਿਰਾਵਟ ਦਰਜ ਕੀਤੀ ਗਈ ਅਤੇ ਸ਼ੇਅਰ ਬਾਜ਼ਾਰਾਂ ਵਿਚ ਤੇਜ਼ੀ ਆਈ। ਵਿੱਚ ਵਿਸ਼ਵਾਸ ਅਤੇ ਕਿਸ਼ਤੀਆਂ ਵਿਚਕਾਰ ਸੁਰੱਖਿਅਤ ਲਾਂਘਾ ਦੇਣ ਦੀ ਅਪੀਲ ਕੀਤੀ ਸੀ। ਇਸ ਪ੍ਰਸਤਾਵ ਦੇ ਜਵਾਬ ਵਿੱਚ 10-ਨੁਕਾਤੀ ਯੋਜਨਾ ਦੇ ਢਾਂਚੇ ਅਤੇ ਅੰਤਰਰਾਸ਼ਟਰੀ ਸੰਸਥਾਵਾਂ ਵਿੱਚ ਵਰਕ ਕਰਨ ਦੀ ਗੱਲ ਕਹੀ ਗਈ। ਦੋ ਹਫ਼ਤਿਆਂ ਦੀ ਜੰਗਬੰਦੀ ਦੇ ਐਲਾਨ ਨਾਲ ਕੱਚੇ ਤੇਲ ਦੀਆਂ ਕੀਮਤਾਂ ਵਿਚ ਗਿਰਾਵਟ ਦਰਜ ਕੀਤੀ ਗਈ ਅਤੇ ਸ਼ੇਅਰ ਬਾਜ਼ਾਰਾਂ ਵਿਚ ਤੇਜ਼ੀ ਆਈ। ਵਿੱਚ ਵਿਸ਼ਵਾਸ ਅਤੇ ਕਿਸ਼ਤੀਆਂ ਵਿਚਕਾਰ ਸੁਰੱਖਿਅਤ ਲਾਂਘਾ ਦੇਣ ਦੀ ਅਪੀਲ ਕੀਤੀ ਸੀ। ਇਸ ਪ੍ਰਸਤਾਵ ਦੇ ਜਵਾਬ ਵਿੱਚ 10-ਨੁਕਾਤੀ ਯੋਜਨਾ ਦੇ ਢਾਂਚੇ ਅਤੇ ਅੰਤਰਰਾਸ਼ਟਰੀ ਸੰਸਥਾਵਾਂ ਵਿੱਚ ਵਰਕ ਕਰਨ ਦੀ ਗੱਲ ਕਹੀ ਗਈ। ਦੋ ਹਫ਼ਤਿਆਂ ਦੀ ਜੰਗਬੰਦੀ ਦੇ ਐਲਾਨ ਨਾਲ ਕੱਚੇ ਤੇਲ ਦੀਆਂ ਕੀਮਤਾਂ ਵਿਚ ਗਿਰਾਵਟ ਦਰਜ ਕੀਤੀ ਗਈ ਅਤੇ ਸ਼ੇਅਰ ਬਾਜ਼ਾਰਾਂ ਵਿਚ ਤੇਜ਼ੀ ਆਈ। ਵਿੱਚ ਵਿਸ਼ਵਾਸ ਅਤੇ ਕਿਸ਼ਤੀਆਂ ਵਿਚਕਾਰ ਸੁਰੱਖਿਅਤ ਲਾਂਘਾ ਦੇਣ ਦੀ ਅਪੀਲ ਕੀਤੀ ਸੀ। ਇਸ ਪ੍ਰਸਤਾਵ ਦੇ ਜਵਾਬ ਵਿੱਚ 10-ਨੁਕਾਤੀ ਯੋਜਨਾ ਦੇ ਢਾਂਚੇ ਅਤੇ ਅੰਤਰਰਾਸ਼ਟਰੀ ਸੰਸਥਾਵਾਂ ਵਿੱਚ ਵਰਕ ਕਰਨ ਦੀ ਗੱਲ ਕਹੀ ਗਈ। ਦੋ ਹਫ਼ਤਿਆਂ ਦੀ ਜੰਗਬੰਦੀ ਦੇ ਐਲਾਨ ਨਾਲ ਕੱਚੇ ਤੇਲ ਦੀਆਂ ਕੀਮਤਾਂ ਵਿਚ ਗਿਰਾਵਟ ਦਰਜ ਕੀਤੀ ਗਈ ਅਤੇ ਸ਼ੇਅਰ ਬਾਜ਼ਾਰਾਂ ਵਿਚ ਤੇਜ਼ੀ ਆਈ। ਵਿੱਚ ਵਿਸ਼ਵਾਸ ਅਤੇ ਕਿਸ਼ਤੀਆਂ ਵਿਚਕਾਰ ਸੁਰੱਖਿਅਤ ਲਾਂਘਾ ਦੇਣ ਦੀ ਅਪੀਲ ਕੀਤੀ ਸੀ। ਇਸ ਪ੍ਰਸਤਾਵ ਦੇ ਜਵਾਬ ਵਿੱਚ 10-ਨੁਕਾਤੀ ਯੋਜਨਾ ਦੇ ਢਾਂਚੇ ਅਤੇ ਅੰਤਰਰਾਸ਼ਟਰੀ ਸੰਸਥਾਵਾਂ ਵਿੱਚ ਵਰਕ ਕਰਨ ਦੀ ਗੱਲ ਕਹੀ ਗਈ। ਦੋ ਹਫ਼ਤਿਆਂ ਦੀ ਜੰਗਬੰਦੀ ਦੇ ਐਲਾਨ ਨਾਲ ਕੱਚੇ ਤੇਲ ਦੀਆਂ ਕੀਮਤਾਂ ਵਿਚ ਗਿਰਾਵਟ ਦਰਜ ਕੀਤੀ ਗਈ ਅਤੇ ਸ਼ੇਅਰ ਬਾਜ਼ਾਰਾਂ ਵਿਚ ਤੇਜ਼ੀ ਆਈ।
ਜੰਗਬੰਦੀ ਤੋਂ ਬਾਅਦ ਈਰਾਨ ਦੇ ਤੇਲ ...
ਅੱਜ ਈਰਾਨ ਵੱਲੋਂ ਦੋ ਹਫ਼ਤਿਆਂ ਦੀ ਜੰਗਬੰਦੀ ਦਾ ਐਲਾਨ ਕਰਨ ਤੋਂ ਕੁਝ ਘੰਟੇ ਬਾਅਦ ਹੀ ਈਰਾਨ ਦੇ ਤੇਲ ਟਿਕਾਣਿਆਂ ਉੱਤੇ ਹਮਲੇ ਦੀਆਂ ਖ਼ਬਰਾਂ ਆਈਆਂ। ਅੱਜ ਈਰਾਨ ਵੱਲੋਂ ਦੋ ਹਫ਼ਤਿਆਂ ਦੀ ਜੰਗਬੰਦੀ ਦਾ ਐਲਾਨ ਕਰਨ ਤੋਂ ਕੁਝ ਘੰਟੇ ਬਾਅਦ ਹੀ ਈਰਾਨ ਦੇ ਤੇਲ ਟਿਕਾਣਿਆਂ ਉੱਤੇ ਹਮਲੇ ਦੀਆਂ ਖ਼ਬਰਾਂ ਆਈਆਂ। ਅੱਜ ਈਰਾਨ ਵੱਲੋਂ ਦੋ ਹਫ਼ਤਿਆਂ ਦੀ ਜੰਗਬੰਦੀ ਦਾ ਐਲਾਨ ਕਰਨ ਤੋਂ ਕੁਝ ਘੰਟੇ ਬਾਅਦ ਹੀ ਈਰਾਨ ਦੇ ਤੇਲ ਟਿਕਾਣਿਆਂ ਉੱਤੇ ਹਮਲੇ ਦੀਆਂ ਖ਼ਬਰਾਂ ਆਈਆਂ। ਅੱਜ ਈਰਾਨ ਵੱਲੋਂ ਦੋ ਹਫ਼ਤਿਆਂ ਦੀ ਜੰਗਬੰਦੀ ਦਾ ਐਲਾਨ ਕਰਨ ਤੋਂ ਕੁਝ ਘੰਟੇ ਬਾਅਦ ਹੀ ਈਰਾਨ ਦੇ ਤੇਲ ਟਿਕਾਣਿਆਂ ਉੱਤੇ ਹਮਲੇ ਦੀਆਂ ਖ਼ਬਰਾਂ ਆਈਆਂ। ਅੱਜ ਈਰਾਨ ਵੱਲੋਂ ਦੋ ਹਫ਼ਤਿਆਂ ਦੀ ਜੰਗਬੰਦੀ ਦਾ ਐਲਾਨ ਕਰਨ ਤੋਂ ਕੁਝ ਘੰਟੇ ਬਾਅਦ ਹੀ ਈਰਾਨ ਦੇ ਤੇਲ ਟਿਕਾਣਿਆਂ ਉੱਤੇ ਹਮਲੇ ਦੀਆਂ ਖ਼ਬਰਾਂ ਆਈਆਂ।
ਈਰਾਨ ਨੂੰ ਹਥਿਆਰ ਸਪਲਾਈ ...
ਈਰਾਨ ਨੂੰ ਹਥਿਆਰ ਸਪਲਾਈ ਕਰਨ ਵਾਲੇ ਦੇਸ਼ਾਂ ਉੱਤੇ ਟੈਰਿਫ਼ ਲਗਾਉਣ ਦੀ ਗੱਲ ਕਹੀ ਗਈ ਹੈ ਅਤੇ ਇਸ ਬਾਰੇ ਕੋਈ ਛੋਟ ਨਹੀਂ ਦਿੱਤੀ ਜਾਵੇਗੀ। ਈਰਾਨ ਨੂੰ ਹਥਿਆਰ ਸਪਲਾਈ ਕਰਨ ਵਾਲੇ ਦੇਸ਼ਾਂ ਉੱਤੇ ਟੈਰਿਫ਼ ਲਗਾਉਣ ਦੀ ਗੱਲ ਕਹੀ ਗਈ ਹੈ ਅਤੇ ਇਸ ਬਾਰੇ ਕੋਈ ਛੋਟ ਨਹੀਂ ਦਿੱਤੀ ਜਾਵੇਗੀ। ਈਰਾਨ ਨੂੰ ਹਥਿਆਰ ਸਪਲਾਈ ਕਰਨ ਵਾਲੇ ਦੇਸ਼ਾਂ ਉੱਤੇ ਟੈਰਿਫ਼ ਲਗਾਉਣ ਦੀ ਗੱਲ ਕਹੀ ਗਈ ਹੈ ਅਤੇ ਇਸ ਬਾਰੇ ਕੋਈ ਛੋਟ ਨਹੀਂ ਦਿੱਤੀ ਜਾਵੇਗੀ। ਈਰਾਨ ਨੂੰ ਹਥਿਆਰ ਸਪਲਾਈ ਕਰਨ ਵਾਲੇ ਦੇਸ਼ਾਂ ਉੱਤੇ ਟੈਰਿਫ਼ ਲਗਾਉਣ ਦੀ ਗੱਲ ਕਹੀ ਗਈ ਹੈ ਅਤੇ ਇਸ ਬਾਰੇ ਕੋਈ ਛੋਟ ਨਹੀਂ ਦਿੱਤੀ ਜਾਵੇਗੀ। ਈਰਾਨ ਨੂੰ ਹਥਿਆਰ ਸਪਲਾਈ ਕਰਨ ਵਾਲੇ ਦੇਸ਼ਾਂ ਉੱਤੇ ਟੈਰਿਫ਼ ਲਗਾਉਣ ਦੀ ਗੱਲ ਕਹੀ ਗਈ ਹੈ ਅਤੇ ਇਸ ਬਾਰੇ ਕੋਈ ਛੋਟ ਨਹੀਂ ਦਿੱਤੀ ਜਾਵੇਗੀ। ਈਰਾਨ ਨੂੰ ਹਥਿਆਰ ਸਪਲਾਈ ਕਰਨ ਵਾਲੇ ਦੇਸ਼ਾਂ ਉੱਤੇ ਟੈਰਿਫ਼ ਲਗਾਉਣ ਦੀ ਗੱਲ ਕਹੀ ਗਈ ਹੈ ਅਤੇ ਇਸ ਬਾਰੇ ਕੋਈ ਛੋਟ ਨਹੀਂ ਦਿੱਤੀ ਜਾਵੇਗੀ। ਈਰਾਨ ਨੂੰ ਹਥਿਆਰ ਸਪਲਾਈ ਕਰਨ ਵਾਲੇ ਦੇਸ਼ਾਂ ਉੱਤੇ ਟੈਰਿਫ਼ ਲਗਾਉਣ ਦੀ ਗੱਲ ਕਹੀ ਗਈ ਹੈ ਅਤੇ ਇਸ ਬਾਰੇ ਕੋਈ ਛੋਟ ਨਹੀਂ ਦਿੱਤੀ ਜਾਵੇਗੀ। ਈਰਾਨ ਨੂੰ ਹਥਿਆਰ ਸਪਲਾਈ ਕਰਨ ਵਾਲੇ ਦੇਸ਼ਾਂ ਉੱਤੇ ਟੈਰਿਫ਼ ਲਗਾਉਣ ਦੀ ਗੱਲ ਕਹੀ ਗਈ ਹੈ ਅਤੇ ਇਸ ਬਾਰੇ ਕੋਈ ਛੋਟ ਨਹੀਂ ਦਿੱਤੀ ਜਾਵੇਗੀ। ਈਰਾਨ ਨੂੰ ਹਥਿਆਰ ਸਪਲਾਈ ਕਰਨ ਵਾਲੇ ਦੇਸ਼ਾਂ ਉੱਤੇ ਟੈਰਿਫ਼ ਲਗਾਉਣ ਦੀ ਗੱਲ ਕਹੀ ਗਈ ਹੈ ਅਤੇ ਇਸ ਬਾਰੇ ਕੋਈ ਛੋਟ ਨਹੀਂ ਦਿੱਤੀ ਜਾਵੇਗੀ। ਈਰਾਨ ਨੂੰ ਹਥਿਆਰ ਸਪਲਾਈ ਕਰਨ ਵਾਲੇ ਦੇਸ਼ਾਂ ਉੱਤੇ ਟੈਰਿਫ਼ ਲਗਾਉਣ ਦੀ ਗੱਲ ਕਹੀ ਗਈ ਹੈ ਅਤੇ ਇਸ ਬਾਰੇ ਕੋਈ ਛੋਟ ਨਹੀਂ ਦਿੱਤੀ ਜਾਵੇਗੀ। ਈਰਾਨ ਨੂੰ ਹਥਿਆਰ ਸਪਲਾਈ ਕਰਨ ਵਾਲੇ ਦੇਸ਼ਾਂ ਉੱਤੇ ਟੈਰਿਫ਼ ਲਗਾਉਣ ਦੀ ਗੱਲ ਕਹੀ ਗਈ ਹੈ ਅਤੇ ਇਸ ਬਾਰੇ ਕੋਈ ਛੋਟ ਨਹੀਂ ਦਿੱਤੀ ਜਾਵੇਗੀ। ਈਰਾਨ ਨੂੰ ਹਥਿਆਰ ਸਪਲਾਈ ਕਰਨ ਵਾਲੇ ਦੇਸ਼ਾਂ ਉੱਤੇ ਟੈਰਿਫ਼ ਲਗਾਉਣ ਦੀ ਗੱਲ ਕਹੀ ਗਈ ਹੈ ਅਤੇ ਇਸ ਬਾਰੇ ਕੋਈ ਛੋਟ ਨਹੀਂ ਦਿੱਤੀ ਜਾਵੇਗੀ। ਈਰਾਨ ਨੂੰ ਹਥਿਆਰ ਸਪਲਾਈ ਕਰਨ ਵਾਲੇ ਦੇਸ਼ਾਂ ਉੱਤੇ ਟੈਰਿਫ਼ ਲਗਾਉਣ ਦੀ ਗੱਲ ਕਹੀ ਗਈ ਹੈ ਅਤੇ ਇਸ ਬਾਰੇ ਕੋਈ ਛੋਟ ਨਹੀਂ ਦਿੱਤੀ ਜਾਵੇਗੀ। ਈਰਾਨ ਨੂੰ ਹਥਿਆਰ ਸਪਲਾਈ ਕਰਨ ਵਾਲੇ ਦੇਸ਼ਾਂ ਉੱਤੇ ਟੈਰਿਫ਼ ਲਗਾਉਣ ਦੀ ਗੱਲ ਕਹੀ ਗਈ ਹੈ ਅਤੇ ਇਸ ਬਾਰੇ ਕੋਈ ਛੋਟ ਨਹੀਂ ਦਿੱਤੀ ਜਾਵੇਗੀ। ਈਰਾਨ ਨੂੰ ਹਥਿਆਰ ਸਪਲਾਈ ਕਰਨ ਵਾਲੇ ਦੇਸ਼ਾਂ ਉੱਤੇ ਟੈਰਿਫ਼ ਲਗਾਉਣ ਦੀ ਗੱਲ ਕਹੀ ਗਈ ਹੈ ਅਤੇ ਇਸ ਬਾਰੇ ਕੋਈ ਛੋਟ ਨਹੀਂ ਦਿੱਤੀ ਜਾਵੇਗੀ। ਈਰਾਨ ਨੂੰ ਹਥਿਆਰ ਸਪਲਾਈ ਕਰਨ ਵਾਲੇ ਦੇਸ਼ਾਂ ਉੱਤੇ ਟੈਰਿਫ਼ ਲਗਾਉਣ ਦੀ ਗੱਲ ਕਹੀ ਗਈ ਹੈ ਅਤੇ ਇਸ ਬਾਰੇ ਕੋਈ ਛੋਟ ਨਹੀਂ ਦਿੱਤੀ ਜਾਵੇਗੀ। ਈਰਾਨ ਨੂੰ ਹਥਿਆਰ ਸਪਲਾਈ ਕਰਨ ਵਾਲੇ ਦੇਸ਼ਾਂ ਉੱਤੇ ਟੈਰਿਫ਼ ਲਗਾਉਣ ਦੀ ਗੱਲ ਕਹੀ ਗਈ ਹੈ ਅਤੇ ਇਸ ਬਾਰੇ ਕੋਈ ਛੋਟ ਨਹੀਂ ਦਿੱਤੀ ਜਾਵੇਗੀ। ਈਰਾਨ ਨੂੰ ਹਥਿਆਰ ਸਪਲਾਈ ਕਰਨ ਵਾਲੇ ਦੇਸ਼ਾਂ ਉੱਤੇ ਟੈਰਿਫ਼ ਲਗਾਉਣ ਦੀ ਗੱਲ ਕਹੀ ਗਈ ਹੈ ਅਤੇ ਇਸ ਬਾਰੇ ਕੋਈ ਛੋਟ ਨਹੀਂ ਦਿੱਤੀ ਜਾਵੇਗੀ। ਈਰਾਨ ਨੂੰ ਹਥਿਆਰ ਸਪਲਾਈ ਕਰਨ ਵਾਲੇ ਦੇਸ਼ਾਂ ਉੱਤੇ ਟੈਰਿਫ਼ ਲਗਾਉਣ ਦੀ ਗੱਲ ਕਹੀ ਗਈ ਹੈ ਅਤੇ ਇਸ ਬਾਰੇ ਕੋਈ ਛੋਟ ਨਹੀਂ ਦਿੱਤੀ ਜਾਵੇਗੀ। ਈਰਾਨ ਨੂੰ ਹਥਿਆਰ ਸਪਲਾਈ ਕਰਨ ਵਾਲੇ ਦੇਸ਼ਾਂ ਉੱਤੇ ਟੈਰਿਫ਼ ਲਗਾਉਣ ਦੀ ਗੱਲ ਕਹੀ ਗਈ ਹੈ ਅਤੇ ਇਸ ਬਾਰੇ ਕੋਈ ਛੋਟ ਨਹੀਂ ਦਿੱਤੀ ਜਾਵੇਗੀ। ਈਰਾਨ ਨੂੰ ਹਥਿਆਰ ਸਪਲਾਈ ਕਰਨ ਵਾਲੇ ਦੇਸ਼ਾਂ ਉੱਤੇ ਟੈਰਿਫ਼ ਲਗਾਉਣ ਦੀ ਗੱਲ ਕਹੀ ਗਈ ਹੈ ਅਤੇ ਇਸ ਬਾਰੇ ਕੋਈ ਛੋਟ ਨਹੀਂ ਦਿੱਤੀ ਜਾਵੇਗੀ। ਈਰਾਨ ਨੂੰ ਹਥਿਆਰ ਸਪਲਾਈ ਕਰਨ ਵਾਲੇ ਦੇਸ਼ਾਂ ਉੱਤੇ ਟੈਰਿਫ਼ ਲਗਾਉਣ ਦੀ ਗੱਲ ਕਹੀ ਗਈ ਹੈ ਅਤੇ ਇਸ ਬਾਰੇ ਕੋਈ ਛੋਟ ਨਹੀਂ ਦਿੱਤੀ ਜਾਵੇਗੀ। ਈਰਾਨ ਨੂੰ ਹਥਿਆਰ ਸਪਲਾਈ ਕਰਨ ਵਾਲੇ ਦੇਸ਼ਾਂ ਉੱਤੇ ਟੈਰਿਫ਼ ਲਗਾਉਣ ਦੀ ਗੱਲ ਕਹੀ ਗਈ ਹੈ ਅਤੇ ਇਸ ਬਾਰੇ ਕੋਈ ਛੋਟ ਨਹੀਂ ਦਿੱਤੀ ਜਾਵੇਗੀ। ਈਰਾਨ ਨੂੰ ਹਥਿਆਰ ਸਪਲਾਈ ਕਰਨ ਵਾਲੇ ਦੇਸ਼ਾਂ ਉੱਤੇ ਟੈਰਿਫ਼ ਲਗਾਉਣ ਦੀ ਗੱਲ ਕਹੀ ਗਈ ਹੈ ਅਤੇ ਇਸ ਬਾਰੇ ਕੋਈ ਛੋਟ ਨਹੀਂ ਦਿੱਤੀ ਜਾਵੇਗੀ। ਈਰਾਨ ਨੂੰ ਹਥਿਆਰ ਸਪਲਾਈ ਕਰਨ ਵਾਲੇ ਦੇਸ਼ਾਂ ਉੱਤੇ ਟੈਰਿਫ਼ ਲਗਾਉਣ ਦੀ ਗੱਲ ਕਹੀ ਗਈ ਹੈ ਅਤੇ ਇਸ ਬਾਰੇ ਕੋਈ ਛੋਟ ਨਹੀਂ ਦਿੱਤੀ ਜਾਵੇਗੀ।
ਈਰਾਨ ਅਤੇ ਅਮਰੀਕਾ 'ਚ ਜੰਗਬੰਦੀ ਦੇ ਸਮਝੌਤੇ ਤੇਲ...
ਤਾਂ ਬਾਅਦ, ਪੈਟਰੋਲ ਅਤੇ ਡੀਜ਼ਲ ਦੀ ਕੀਮਤਾਂ ਵਿੱਚ ਗਿਰਾਵਟ ਦੀ ਸੰਭਾਵਨਾ ਹੈ। ਬ੍ਰੈਂਟ ਕਰੂਡ 94 ਡਾਲਰ ਪ੍ਰਤੀ ਬੈਰਲ ਤੱਕ ਡਿੱਗ ਗਿਆ ਅਤੇ ਭਾਰਤੀ ਬਾਜ਼ਾਰ ਵਿੱਚ ਸਕਾਰਾਤਮਕ ਅਸਰ ਦਿਖਾਈ ਦਿੱਤਾ। ਤਾਂ ਬਾਅਦ, ਪੈਟਰੋਲ ਅਤੇ ਡੀਜ਼ਲ ਦੀ ਕੀਮਤਾਂ ਵਿੱਚ ਗਿਰਾਵਟ ਦੀ ਸੰਭਾਵਨਾ ਹੈ। ਬ੍ਰੈਂਟ ਕਰੂਡ 94 ਡਾਲਰ ਪ੍ਰਤੀ ਬੈਰਲ ਤੱਕ ਡਿੱਗ ਗਿਆ ਅਤੇ ਭਾਰਤੀ ਬਾਜ਼ਾਰ ਵਿੱਚ ਸਕਾਰਾਤਮਕ ਅਸਰ ਦਿਖਾਈ ਦਿੱਤਾ। ਤਾਂ ਬਾਅਦ, ਪੈਟਰੋਲ ਅਤੇ ਡੀਜ਼ਲ ਦੀ ਕੀਮਤਾਂ ਵਿੱਚ ਗਿਰਾਵਟ ਦੀ ਸੰਭਾਵਨਾ ਹੈ। ਬ੍ਰੈਂਟ ਕਰੂਡ 94 ਡਾਲਰ ਪ੍ਰਤੀ ਬੈਰਲ ਤੱਕ ਡਿੱਗ ਗਿਆ ਅਤੇ ਭਾਰਤੀ ਬਾਜ਼ਾਰ ਵਿੱਚ ਸਕਾਰਾਤਮਕ ਅਸਰ ਦਿਖਾਈ ਦਿੱਤਾ। ਤਾਂ ਬਾਅਦ, ਪੈਟਰੋਲ ਅਤੇ ਡੀਜ਼ਲ ਦੀ ਕੀਮਤਾਂ ਵਿੱਚ ਗਿਰਾਵਟ ਦੀ ਸੰਭਾਵਨਾ ਹੈ। ਬ੍ਰੈਂਟ ਕਰੂਡ 94 ਡਾਲਰ ਪ੍ਰਤੀ ਬੈਰਲ ਤੱਕ ਡਿੱਗ ਗਿਆ ਅਤੇ ਭਾਰਤੀ ਬਾਜ਼ਾਰ ਵਿੱਚ ਸਕਾਰਾਤਮਕ ਅਸਰ ਦਿਖਾਈ ਦਿੱਤਾ। ਤਾਂ ਬਾਅਦ, ਪੈਟਰੋਲ ਅਤੇ ਡੀਜ਼ਲ ਦੀ ਕੀਮਤਾਂ ਵਿੱਚ ਗਿਰਾਵਟ ਦੀ ਸੰਭਾਵਨਾ ਹੈ। ਬ੍ਰੈਂਟ ਕਰੂਡ 94 ਡਾਲਰ ਪ੍ਰਤੀ ਬੈਰਲ ਤੱਕ ਡਿੱਗ ਗਿਆ ਅਤੇ ਭਾਰਤੀ ਬਾਜ਼ਾਰ ਵਿੱਚ ਸਕਾਰਾਤਮਕ ਅਸਰ ਦਿਖਾਈ ਦਿੱਤਾ। ਤਾਂ ਬਾਅਦ, ਪੈਟਰੋਲ ਅਤੇ ਡੀਜ਼ਲ ਦੀ ਕੀਮਤਾਂ ਵਿੱਚ ਗਿਰਾਵਟ ਦੀ ਸੰਭਾਵਨਾ ਹੈ। ਬ੍ਰੈਂਟ ਕਰੂਡ 94 ਡਾਲਰ ਪ੍ਰਤੀ ਬੈਰਲ ਤੱਕ ਡਿੱਗ ਗਿਆ ਅਤੇ ਭਾਰਤੀ ਬਾਜ਼ਾਰ ਵਿੱਚ ਸਕਾਰਾਤਮਕ ਅਸਰ ਦਿਖਾਈ ਦਿੱਤਾ। ਤਾਂ ਬਾਅਦ, ਪੈਟਰੋਲ ਅਤੇ ਡੀਜ਼ਲ ਦੀ ਕੀਮਤਾਂ ਵਿੱਚ ਗਿਰਾਵਟ ਦੀ ਸੰਭਾਵਨਾ ਹੈ। ਬ੍ਰੈਂਟ ਕਰੂਡ 94 ਡਾਲਰ ਪ੍ਰਤੀ ਬੈਰਲ ਤੱਕ ਡਿੱਗ ਗਿਆ ਅਤੇ ਭਾਰਤੀ ਬਾਜ਼ਾਰ ਵਿੱਚ ਸਕਾਰਾਤਮਕ ਅਸਰ ਦਿਖਾਈ ਦਿੱਤਾ। ਤਾਂ ਬਾਅਦ, ਪੈਟਰੋਲ ਅਤੇ ਡੀਜ਼ਲ ਦੀ ਕੀਮਤਾਂ ਵਿੱਚ ਗਿਰਾਵਟ ਦੀ ਸੰਭਾਵਨਾ ਹੈ। ਬ੍ਰੈਂਟ ਕਰੂਡ 94 ਡਾਲਰ ਪ੍ਰਤੀ ਬੈਰਲ ਤੱਕ ਡਿੱਗ ਗਿਆ ਅਤੇ ਭਾਰਤੀ ਬਾਜ਼ਾਰ ਵਿੱਚ ਸਕਾਰਾਤਮਕ ਅਸਰ ਦਿਖਾਈ ਦਿੱਤਾ। ਤਾਂ ਬਾਅਦ, ਪੈਟਰੋਲ ਅਤੇ ਡੀਜ਼ਲ ਦੀ ਕੀਮਤਾਂ ਵਿੱਚ ਗਿਰਾਵਟ ਦੀ ਸੰਭਾਵਨਾ ਹੈ। ਬ੍ਰੈਂਟ ਕਰੂਡ 94 ਡਾਲਰ ਪ੍ਰਤੀ ਬੈਰਲ ਤੱਕ ਡਿੱਗ ਗਿਆ ਅਤੇ ਭਾਰਤੀ ਬਾਜ਼ਾਰ ਵਿੱਚ ਸਕਾਰਾਤਮਕ ਅਸਰ ਦਿਖਾਈ ਦਿੱਤਾ। ਤਾਂ ਬਾਅਦ, ਪੈਟਰੋਲ ਅਤੇ ਡੀਜ਼ਲ ਦੀ ਕੀਮਤਾਂ ਵਿੱਚ ਗਿਰਾਵਟ ਦੀ ਸੰਭਾਵਨਾ ਹੈ। ਬ੍ਰੈਂਟ ਕਰੂਡ 94 ਡਾਲਰ ਪ੍ਰਤੀ ਬੈਰਲ ਤੱਕ ਡਿੱਗ ਗਿਆ ਅਤੇ ਭਾਰਤੀ ਬਾਜ਼ਾਰ ਵਿੱਚ ਸਕਾਰਾਤਮਕ ਅਸਰ ਦਿਖਾਈ ਦਿੱਤਾ। ਤਾਂ ਬਾਅਦ, ਪੈਟਰੋਲ ਅਤੇ ਡੀਜ਼ਲ ਦੀ ਕੀਮਤਾਂ ਵਿੱਚ ਗਿਰਾਵਟ ਦੀ ਸੰਭਾਵਨਾ ਹੈ। ਬ੍ਰੈਂਟ ਕਰੂਡ 94 ਡਾਲਰ ਪ੍ਰਤੀ ਬੈਰਲ ਤੱਕ ਡਿੱਗ ਗਿਆ ਅਤੇ ਭਾਰਤੀ ਬਾਜ਼ਾਰ ਵਿੱਚ ਸਕਾਰਾਤਮਕ ਅਸਰ ਦਿਖਾਈ ਦਿੱਤਾ। ਤਾਂ ਬਾਅਦ, ਪੈਟਰੋਲ ਅਤੇ ਡੀਜ਼ਲ ਦੀ ਕੀਮਤਾਂ ਵਿੱਚ ਗਿਰਾਵਟ ਦੀ ਸੰਭਾਵਨਾ ਹੈ। ਬ੍ਰੈਂਟ ਕਰੂਡ 94 ਡਾਲਰ ਪ੍ਰਤੀ ਬੈਰਲ ਤੱਕ ਡਿੱਗ ਗਿਆ ਅਤੇ ਭਾਰਤੀ ਬਾਜ਼ਾਰ ਵਿੱਚ ਸਕਾਰਾਤਮਕ ਅਸਰ ਦਿਖਾਈ ਦਿੱਤਾ। ਤਾਂ ਬਾਅਦ, ਪੈਟਰੋਲ ਅਤੇ ਡੀਜ਼ਲ ਦੀ ਕੀਮਤਾਂ ਵਿੱਚ ਗਿਰਾਵਟ ਦੀ ਸੰਭਾਵਨਾ ਹੈ। ਬ੍ਰੈਂਟ ਕਰੂਡ 94 ਡਾਲਰ ਪ੍ਰਤੀ ਬੈਰਲ ਤੱਕ ਡਿੱਗ ਗਿਆ ਅਤੇ ਭਾਰਤੀ ਬਾਜ਼ਾਰ ਵਿੱਚ ਸਕਾਰਾਤਮਕ ਅਸਰ ਦਿਖਾਈ ਦਿੱਤਾ।
ਹੈ ਕਿ ਆਉਣ ਵਾਲੇ ਸਮੇਂ 'ਚ ਤੇਲ ਦੀਆਂ ਕੀਮਤਾਂ ਹੋਰ ਵੀ ਘੱਟ ਜਾਣਗੀਆਂ।
ਆਮ ਆਦਮੀ, ਕਿਸਾਨਾਂ ਅਤੇ ਦੇਸ਼ ...
ਕੇਂਦਰ ਸਰਕਾਰ ਵੱਲੋਂ ਕਣਕ ਦੀ ਖ਼ਰੀਦ ਅਤੇ ਖਾਦਾਂ ਦੀ ਸਪਲਾਈ ਬਾਰੇ ਫ਼ੈਸਲੇ ਨਾਲ ਆਮ ਆਦਮੀ ਅਤੇ ਕਿਸਾਨਾਂ ਨੂੰ ਰਾਹਤ ਮਿਲੇਗੀ। ਸਰਕਾਰ ਨੇ 11,350 ਕਰੋੜ ਰੁਪਏ ਦੀ ਸਬਸਿਡੀ ਦਾ ਐਲਾਨ ਕੀਤਾ ਹੈ। ਕੇਂਦਰ ਸਰਕਾਰ ਵੱਲੋਂ ਕਣਕ ਦੀ ਖ਼ਰੀਦ ਅਤੇ ਖਾਦਾਂ ਦੀ ਸਪਲਾਈ ਬਾਰੇ ਫ਼ੈਸਲੇ ਨਾਲ ਆਮ ਆਦਮੀ ਅਤੇ ਕਿਸਾਨਾਂ ਨੂੰ ਰਾਹਤ ਮਿਲੇਗੀ। ਸਰਕਾਰ ਨੇ 11,350 ਕਰੋੜ ਰੁਪਏ ਦੀ ਸਬਸਿਡੀ ਦਾ ਐਲਾਨ ਕੀਤਾ ਹੈ। ਕੇਂਦਰ ਸਰਕਾਰ ਵੱਲੋਂ ਕਣਕ ਦੀ ਖ਼ਰੀਦ ਅਤੇ ਖਾਦਾਂ ਦੀ ਸਪਲਾਈ ਬਾਰੇ ਫ਼ੈਸਲੇ ਨਾਲ ਆਮ ਆਦਮੀ ਅਤੇ ਕਿਸਾਨਾਂ ਨੂੰ ਰਾਹਤ ਮਿਲੇਗੀ। ਸਰਕਾਰ ਨੇ 11,350 ਕਰੋੜ ਰੁਪਏ ਦੀ ਸਬਸਿਡੀ ਦਾ ਐਲਾਨ ਕੀਤਾ ਹੈ। ਕੇਂਦਰ ਸਰਕਾਰ ਵੱਲੋਂ ਕਣਕ ਦੀ ਖ਼ਰੀਦ ਅਤੇ ਖਾਦਾਂ ਦੀ ਸਪਲਾਈ ਬਾਰੇ ਫ਼ੈਸਲੇ ਨਾਲ ਆਮ ਆਦਮੀ ਅਤੇ ਕਿਸਾਨਾਂ ਨੂੰ ਰਾਹਤ ਮਿਲੇਗੀ। ਸਰਕਾਰ ਨੇ 11,350 ਕਰੋੜ ਰੁਪਏ ਦੀ ਸਬਸਿਡੀ ਦਾ ਐਲਾਨ ਕੀਤਾ ਹੈ। ਕੇਂਦਰ ਸਰਕਾਰ ਵੱਲੋਂ ਕਣਕ ਦੀ ਖ਼ਰੀਦ ਅਤੇ ਖਾਦਾਂ ਦੀ ਸਪਲਾਈ ਬਾਰੇ ਫ਼ੈਸਲੇ ਨਾਲ ਆਮ ਆਦਮੀ ਅਤੇ ਕਿਸਾਨਾਂ ਨੂੰ ਰਾਹਤ ਮਿਲੇਗੀ। ਸਰਕਾਰ ਨੇ 11,350 ਕਰੋੜ ਰੁਪਏ ਦੀ ਸਬਸਿਡੀ ਦਾ ਐਲਾਨ ਕੀਤਾ ਹੈ। ਕੇਂਦਰ ਸਰਕਾਰ ਵੱਲੋਂ ਕਣਕ ਦੀ ਖ਼ਰੀਦ ਅਤੇ ਖਾਦਾਂ ਦੀ ਸਪਲਾਈ ਬਾਰੇ ਫ਼ੈਸਲੇ ਨਾਲ ਆਮ ਆਦਮੀ ਅਤੇ ਕਿਸਾਨਾਂ ਨੂੰ ਰਾਹਤ ਮਿਲੇਗੀ। ਸਰਕਾਰ ਨੇ 11,350 ਕਰੋੜ ਰੁਪਏ ਦੀ ਸਬਸਿਡੀ ਦਾ ਐਲਾਨ ਕੀਤਾ ਹੈ। ਕੇਂਦਰ ਸਰਕਾਰ ਵੱਲੋਂ ਕਣਕ ਦੀ ਖ਼ਰੀਦ ਅਤੇ ਖਾਦਾਂ ਦੀ ਸਪਲਾਈ ਬਾਰੇ ਫ਼ੈਸਲੇ ਨਾਲ ਆਮ ਆਦਮੀ ਅਤੇ ਕਿਸਾਨਾਂ ਨੂੰ ਰਾਹਤ ਮਿਲੇਗੀ। ਸਰਕਾਰ ਨੇ 11,350 ਕਰੋੜ ਰੁਪਏ ਦੀ ਸਬਸਿਡੀ ਦਾ ਐਲਾਨ ਕੀਤਾ ਹੈ। ਕੇਂਦਰ ਸਰਕਾਰ ਵੱਲੋਂ ਕਣਕ ਦੀ ਖ਼ਰੀਦ ਅਤੇ ਖਾਦਾਂ ਦੀ ਸਪਲਾਈ ਬਾਰੇ ਫ਼ੈਸਲੇ ਨਾਲ ਆਮ ਆਦਮੀ ਅਤੇ ਕਿਸਾਨਾਂ ਨੂੰ ਰਾਹਤ ਮਿਲੇਗੀ। ਸਰਕਾਰ ਨੇ 11,350 ਕਰੋੜ ਰੁਪਏ ਦੀ ਸਬਸਿਡੀ ਦਾ ਐਲਾਨ ਕੀਤਾ ਹੈ। ਕੇਂਦਰ ਸਰਕਾਰ ਵੱਲੋਂ ਕਣਕ ਦੀ ਖ਼ਰੀਦ ਅਤੇ ਖਾਦਾਂ ਦੀ ਸਪਲਾਈ ਬਾਰੇ ਫ਼ੈਸਲੇ ਨਾਲ ਆਮ ਆਦਮੀ ਅਤੇ ਕਿਸਾਨਾਂ ਨੂੰ ਰਾਹਤ ਮਿਲੇਗੀ। ਸਰਕਾਰ ਨੇ 11,350 ਕਰੋੜ ਰੁਪਏ ਦੀ ਸਬਸਿਡੀ ਦਾ ਐਲਾਨ ਕੀਤਾ ਹੈ। ਕੇਂਦਰ ਸਰਕਾਰ ਵੱਲੋਂ ਕਣਕ ਦੀ ਖ਼ਰੀਦ ਅਤੇ ਖਾਦਾਂ ਦੀ ਸਪਲਾਈ ਬਾਰੇ ਫ਼ੈਸਲੇ ਨਾਲ ਆਮ ਆਦਮੀ ਅਤੇ ਕਿਸਾਨਾਂ ਨੂੰ ਰਾਹਤ ਮਿਲੇਗੀ। ਸਰਕਾਰ ਨੇ 11,350 ਕਰੋੜ ਰੁਪਏ ਦੀ ਸਬਸਿਡੀ ਦਾ ਐਲਾਨ ਕੀਤਾ ਹੈ। ਕੇਂਦਰ ਸਰਕਾਰ ਵੱਲੋਂ ਕਣਕ ਦੀ ਖ਼ਰੀਦ ਅਤੇ ਖਾਦਾਂ ਦੀ ਸਪਲਾਈ ਬਾਰੇ ਫ਼ੈਸਲੇ ਨਾਲ ਆਮ ਆਦਮੀ ਅਤੇ ਕਿਸਾਨਾਂ ਨੂੰ ਰਾਹਤ ਮਿਲੇਗੀ। ਸਰਕਾਰ ਨੇ 11,350 ਕਰੋੜ ਰੁਪਏ ਦੀ ਸਬਸਿਡੀ ਦਾ ਐਲਾਨ ਕੀਤਾ ਹੈ। ਕੇਂਦਰ ਸਰਕਾਰ ਵੱਲੋਂ ਕਣਕ ਦੀ ਖ਼ਰੀਦ ਅਤੇ ਖਾਦਾਂ ਦੀ ਸਪਲਾਈ ਬਾਰੇ ਫ਼ੈਸਲੇ ਨਾਲ ਆਮ ਆਦਮੀ ਅਤੇ ਕਿਸਾਨਾਂ ਨੂੰ ਰਾਹਤ ਮਿਲੇਗੀ। ਸਰਕਾਰ ਨੇ 11,350 ਕਰੋੜ ਰੁਪਏ ਦੀ ਸਬਸਿਡੀ ਦਾ ਐਲਾਨ ਕੀਤਾ ਹੈ। ਕੇਂਦਰ ਸਰਕਾਰ ਵੱਲੋਂ ਕਣਕ ਦੀ ਖ਼ਰੀਦ ਅਤੇ ਖਾਦਾਂ ਦੀ ਸਪਲਾਈ ਬਾਰੇ ਫ਼ੈਸਲੇ ਨਾਲ ਆਮ ਆਦਮੀ ਅਤੇ ਕਿਸਾਨਾਂ ਨੂੰ ਰਾਹਤ ਮਿਲੇਗੀ। ਸਰਕਾਰ ਨੇ 11,350 ਕਰੋੜ ਰੁਪਏ ਦੀ ਸਬਸਿਡੀ ਦਾ ਐਲਾਨ ਕੀਤਾ ਹੈ। ਕੇਂਦਰ ਸਰਕਾਰ ਵੱਲੋਂ ਕਣਕ ਦੀ ਖ਼ਰੀਦ ਅਤੇ ਖਾਦਾਂ ਦੀ ਸਪਲਾਈ ਬਾਰੇ ਫ਼ੈਸਲੇ ਨਾਲ ਆਮ ਆਦਮੀ ਅਤੇ ਕਿਸਾਨਾਂ ਨੂੰ ਰਾਹਤ ਮਿਲੇਗੀ। ਸਰਕਾਰ ਨੇ 11,350 ਕਰੋੜ ਰੁਪਏ ਦੀ ਸਬਸਿਡੀ ਦਾ ਐਲਾਨ ਕੀਤਾ ਹੈ। ਕੇਂਦਰ ਸਰਕਾਰ ਵੱਲੋਂ ਕਣਕ ਦੀ ਖ਼ਰੀਦ ਅਤੇ ਖਾਦਾਂ ਦੀ ਸਪਲਾਈ ਬਾਰੇ ਫ਼ੈਸਲੇ ਨਾਲ ਆਮ ਆਦਮੀ ਅਤੇ ਕਿਸਾਨਾਂ ਨੂੰ ਰਾਹਤ ਮਿਲੇਗੀ। ਸਰਕਾਰ ਨੇ 11,350 ਕਰੋੜ ਰੁਪਏ ਦੀ ਸਬਸਿਡੀ ਦਾ ਐਲਾਨ ਕੀਤਾ ਹੈ।
ਬਦਲ ਸਾਬਤ ਕਰਨ ਕਿ 2 ਦਸੰਬਰ...
ਸ਼੍ਰੋਮਣੀ ਅਕਾਲੀ ਦਲ ਦੇ ਆਗੂਆਂ ਨੂੰ 2 ਦਸੰਬਰ 2024 ਨੂੰ ਸ੍ਰੀ ਅਕਾਲ ਤਖ਼ਤ ਸਾਹਿਬ ਤੋਂ ਸੁਣਾਏ ਹੁਕਮਨਾਮੇ ਦੀ ਪਾਲਣਾ ਸਾਬਤ ਕਰਨੀ ਪਵੇਗੀ। ਸ਼੍ਰੋਮਣੀ ਅਕਾਲੀ ਦਲ ਦੇ ਆਗੂਆਂ ਨੂੰ 2 ਦਸੰਬਰ 2024 ਨੂੰ ਸ੍ਰੀ ਅਕਾਲ ਤਖ਼ਤ ਸਾਹਿਬ ਤੋਂ ਸੁਣਾਏ ਹੁਕਮਨਾਮੇ ਦੀ ਪਾਲਣਾ ਸਾਬਤ ਕਰਨੀ ਪਵੇਗੀ। ਸ਼੍ਰੋਮਣੀ ਅਕਾਲੀ ਦਲ ਦੇ ਆਗੂਆਂ ਨੂੰ 2 ਦਸੰਬਰ 2024 ਨੂੰ ਸ੍ਰੀ ਅਕਾਲ ਤਖ਼ਤ ਸਾਹਿਬ ਤੋਂ ਸੁਣਾਏ ਹੁਕਮਨਾਮੇ ਦੀ ਪਾਲਣਾ ਸਾਬਤ ਕਰਨੀ ਪਵੇਗੀ। ਸ਼੍ਰੋਮਣੀ ਅਕਾਲੀ ਦਲ ਦੇ ਆਗੂਆਂ ਨੂੰ 2 ਦਸੰਬਰ 2024 ਨੂੰ ਸ੍ਰੀ ਅਕਾਲ ਤਖ਼ਤ ਸਾਹਿਬ ਤੋਂ ਸੁਣਾਏ ਹੁਕਮਨਾਮੇ ਦੀ ਪਾਲਣਾ ਸਾਬਤ ਕਰਨੀ ਪਵੇਗੀ। ਸ਼੍ਰੋਮਣੀ ਅਕਾਲੀ ਦਲ ਦੇ ਆਗੂਆਂ ਨੂੰ 2 ਦਸੰਬਰ 2024 ਨੂੰ ਸ੍ਰੀ ਅਕਾਲ ਤਖ਼ਤ ਸਾਹਿਬ ਤੋਂ ਸੁਣਾਏ ਹੁਕਮਨਾਮੇ ਦੀ ਪਾਲਣਾ ਸਾਬਤ ਕਰਨੀ ਪਵੇਗੀ। ਸ਼੍ਰੋਮਣੀ ਅਕਾਲੀ ਦਲ ਦੇ ਆਗੂਆਂ ਨੂੰ 2 ਦਸੰਬਰ 2024 ਨੂੰ ਸ੍ਰੀ ਅਕਾਲ ਤਖ਼ਤ ਸਾਹਿਬ ਤੋਂ ਸੁਣਾਏ ਹੁਕਮਨਾਮੇ ਦੀ ਪਾਲਣਾ ਸਾਬਤ ਕਰਨੀ ਪਵੇਗੀ। ਸ਼੍ਰੋਮਣੀ ਅਕਾਲੀ ਦਲ ਦੇ ਆਗੂਆਂ ਨੂੰ 2 ਦਸੰਬਰ 2024 ਨੂੰ ਸ੍ਰੀ ਅਕਾਲ ਤਖ਼ਤ ਸਾਹਿਬ ਤੋਂ ਸੁਣਾਏ ਹੁਕਮਨਾਮੇ ਦੀ ਪਾਲਣਾ ਸਾਬਤ ਕਰਨੀ ਪਵੇਗੀ। ਸ਼੍ਰੋਮਣੀ ਅਕਾਲੀ ਦਲ ਦੇ ਆਗੂਆਂ ਨੂੰ 2 ਦਸੰਬਰ 2024 ਨੂੰ ਸ੍ਰੀ ਅਕਾਲ ਤਖ਼ਤ ਸਾਹਿਬ ਤੋਂ ਸੁਣਾਏ ਹੁਕਮਨਾਮੇ ਦੀ ਪਾਲਣਾ ਸਾਬਤ ਕਰਨੀ ਪਵੇਗੀ। ਸ਼੍ਰੋਮਣੀ ਅਕਾਲੀ ਦਲ ਦੇ ਆਗੂਆਂ ਨੂੰ 2 ਦਸੰਬਰ 2024 ਨੂੰ ਸ੍ਰੀ ਅਕਾਲ ਤਖ਼ਤ ਸਾਹਿਬ ਤੋਂ ਸੁਣਾਏ ਹੁਕਮਨਾਮੇ ਦੀ ਪਾਲਣਾ ਸਾਬਤ ਕਰਨੀ ਪਵੇਗੀ। ਸ਼੍ਰੋਮਣੀ ਅਕਾਲੀ ਦਲ ਦੇ ਆਗੂਆਂ ਨੂੰ 2 ਦਸੰਬਰ 2024 ਨੂੰ ਸ੍ਰੀ ਅਕਾਲ ਤਖ਼ਤ ਸਾਹਿਬ ਤੋਂ ਸੁਣਾਏ ਹੁਕਮਨਾਮੇ ਦੀ ਪਾਲਣਾ ਸਾਬਤ ਕਰਨੀ ਪਵੇਗੀ। ਸ਼੍ਰੋਮਣੀ ਅਕਾਲੀ ਦਲ ਦੇ ਆਗੂਆਂ ਨੂੰ 2 ਦਸੰਬਰ 2024 ਨੂੰ ਸ੍ਰੀ ਅਕਾਲ ਤਖ਼ਤ ਸਾਹਿਬ ਤੋਂ ਸੁਣਾਏ ਹੁਕਮਨਾਮੇ ਦੀ ਪਾਲਣਾ ਸਾਬਤ ਕਰਨੀ ਪਵੇਗੀ। ਸ਼੍ਰੋਮਣੀ ਅਕਾਲੀ ਦਲ ਦੇ ਆਗੂਆਂ ਨੂੰ 2 ਦਸੰਬਰ 2024 ਨੂੰ ਸ੍ਰੀ ਅਕਾਲ ਤਖ਼ਤ ਸਾਹਿਬ ਤੋਂ ਸੁਣਾਏ ਹੁਕਮਨਾਮੇ ਦੀ ਪਾਲਣਾ ਸਾਬਤ ਕਰਨੀ ਪਵੇਗੀ। ਸ਼੍ਰੋਮਣੀ ਅਕਾਲੀ ਦਲ ਦੇ ਆਗੂਆਂ ਨੂੰ 2 ਦਸੰਬਰ 2024 ਨੂੰ ਸ੍ਰੀ ਅਕਾਲ ਤਖ਼ਤ ਸਾਹਿਬ ਤੋਂ ਸੁਣਾਏ ਹੁਕਮਨਾਮੇ ਦੀ ਪਾਲਣਾ ਸਾਬਤ ਕਰਨੀ ਪਵੇਗੀ। ਸ਼੍ਰੋਮਣੀ ਅਕਾਲੀ ਦਲ ਦੇ ਆਗੂਆਂ ਨੂੰ 2 ਦਸੰਬਰ 2024 ਨੂੰ ਸ੍ਰੀ ਅਕਾਲ ਤਖ਼ਤ ਸਾਹਿਬ ਤੋਂ ਸੁਣਾਏ ਹੁਕਮਨਾਮੇ ਦੀ ਪਾਲਣਾ ਸਾਬਤ ਕਰਨੀ ਪਵੇਗੀ। ਸ਼੍ਰੋਮਣੀ ਅਕਾਲੀ ਦਲ ਦੇ ਆਗੂਆਂ ਨੂੰ 2 ਦਸੰਬਰ 2024 ਨੂੰ ਸ੍ਰੀ ਅਕਾਲ ਤਖ਼ਤ ਸਾਹਿਬ ਤੋਂ ਸੁਣਾਏ ਹੁਕਮਨਾਮੇ ਦੀ ਪਾਲਣਾ ਸਾਬਤ ਕਰਨੀ ਪਵੇਗੀ। ਸ਼੍ਰੋਮਣੀ ਅਕਾਲੀ ਦਲ ਦੇ ਆਗੂਆਂ ਨੂੰ 2 ਦਸੰਬਰ 2024 ਨੂੰ ਸ੍ਰੀ ਅਕਾਲ ਤਖ਼ਤ ਸਾਹਿਬ ਤੋਂ ਸੁਣਾਏ ਹੁਕਮਨਾਮੇ ਦੀ ਪਾਲਣਾ ਸਾਬਤ ਕਰਨੀ ਪਵੇਗੀ। ਸ਼੍ਰੋਮਣੀ ਅਕਾਲੀ ਦਲ ਦੇ ਆਗੂਆਂ ਨੂੰ 2 ਦਸੰਬਰ 2024 ਨੂੰ ਸ੍ਰੀ ਅਕਾਲ ਤਖ਼ਤ ਸਾਹਿਬ ਤੋਂ ਸੁਣਾਏ ਹੁਕਮਨਾਮੇ ਦੀ ਪਾਲਣਾ ਸਾਬਤ ਕਰਨੀ ਪਵੇਗੀ। ਸ਼੍ਰੋਮਣੀ ਅਕਾਲੀ ਦਲ ਦੇ ਆਗੂਆਂ ਨੂੰ 2 ਦਸੰਬਰ 2024 ਨੂੰ ਸ੍ਰੀ ਅਕਾਲ ਤਖ਼ਤ ਸਾਹਿਬ ਤੋਂ ਸੁਣਾਏ ਹੁਕਮਨਾਮੇ ਦੀ ਪਾਲਣਾ ਸਾਬਤ ਕਰਨੀ ਪਵੇਗੀ। ਸ਼੍ਰੋਮਣੀ ਅਕਾਲੀ ਦਲ ਦੇ ਆਗੂਆਂ ਨੂੰ 2 ਦਸੰਬਰ 2024 ਨੂੰ ਸ੍ਰੀ ਅਕਾਲ ਤਖ਼ਤ ਸਾਹਿਬ ਤੋਂ ਸੁਣਾਏ ਹੁਕਮਨਾਮੇ ਦੀ ਪਾਲਣਾ ਸਾਬਤ ਕਰਨੀ ਪਵੇਗੀ। ਸ਼੍ਰੋਮਣੀ ਅਕਾਲੀ ਦਲ ਦੇ ਆਗੂਆਂ ਨੂੰ 2 ਦਸੰਬਰ 2024 ਨੂੰ ਸ੍ਰੀ ਅਕਾਲ ਤਖ਼ਤ ਸਾਹਿਬ ਤੋਂ ਸੁਣਾਏ ਹੁਕਮਨਾਮੇ ਦੀ ਪਾਲਣਾ ਸਾਬਤ ਕਰਨੀ ਪਵੇਗੀ।
ਡਿਊਟੀ ਦੇ ਬਾਹਰ ਸਾਜਿਸ਼ ਤਹਿਤ ...
ਵਿੱਚ ਦੁਕਾਨਦਾਰਾਂ ਦੀ ਹੜਤਾਲ ਤੋਂ ਬਾਅਦ ਪੁਲਿਸ ਨੇ ਮਾਮਲਾ ਦਰਜ ਕੀਤਾ ਹੈ ਅਤੇ ਜਾਂਚ ਜਾਰੀ ਹੈ। ਵਿੱਚ ਦੁਕਾਨਦਾਰਾਂ ਦੀ ਹੜਤਾਲ ਤੋਂ ਬਾਅਦ ਪੁਲਿਸ ਨੇ ਮਾਮਲਾ ਦਰਜ ਕੀਤਾ ਹੈ ਅਤੇ ਜਾਂਚ ਜਾਰੀ ਹੈ। ਵਿੱਚ ਦੁਕਾਨਦਾਰਾਂ ਦੀ ਹੜਤਾਲ ਤੋਂ ਬਾਅਦ ਪੁਲਿਸ ਨੇ ਮਾਮਲਾ ਦਰਜ ਕੀਤਾ ਹੈ ਅਤੇ ਜਾਂਚ ਜਾਰੀ ਹੈ। ਵਿੱਚ ਦੁਕਾਨਦਾਰਾਂ ਦੀ ਹੜਤਾਲ ਤੋਂ ਬਾਅਦ ਪੁਲਿਸ ਨੇ ਮਾਮਲਾ ਦਰਜ ਕੀਤਾ ਹੈ ਅਤੇ ਜਾਂਚ ਜਾਰੀ ਹੈ। ਵਿੱਚ ਦੁਕਾਨਦਾਰਾਂ ਦੀ ਹੜਤਾਲ ਤੋਂ ਬਾਅਦ ਪੁਲਿਸ ਨੇ ਮਾਮਲਾ ਦਰਜ ਕੀਤਾ ਹੈ ਅਤੇ ਜਾਂਚ ਜਾਰੀ ਹੈ। ਵਿੱਚ ਦੁਕਾਨਦਾਰਾਂ ਦੀ ਹੜਤਾਲ ਤੋਂ ਬਾਅਦ ਪੁਲਿਸ ਨੇ ਮਾਮਲਾ ਦਰਜ ਕੀਤਾ ਹੈ ਅਤੇ ਜਾਂਚ ਜਾਰੀ ਹੈ। ਵਿੱਚ ਦੁਕਾਨਦਾਰਾਂ ਦੀ ਹੜਤਾਲ ਤੋਂ ਬਾਅਦ ਪੁਲਿਸ ਨੇ ਮਾਮਲਾ ਦਰਜ ਕੀਤਾ ਹੈ ਅਤੇ ਜਾਂਚ ਜਾਰੀ ਹੈ। ਵਿੱਚ ਦੁਕਾਨਦਾਰਾਂ ਦੀ ਹੜਤਾਲ ਤੋਂ ਬਾਅਦ ਪੁਲਿਸ ਨੇ ਮਾਮਲਾ ਦਰਜ ਕੀਤਾ ਹੈ ਅਤੇ ਜਾਂਚ ਜਾਰੀ ਹੈ। ਵਿੱਚ ਦੁਕਾਨਦਾਰਾਂ ਦੀ ਹੜਤਾਲ ਤੋਂ ਬਾਅਦ ਪੁਲਿਸ ਨੇ ਮਾਮਲਾ ਦਰਜ ਕੀਤਾ ਹੈ ਅਤੇ ਜਾਂਚ ਜਾਰੀ ਹੈ। ਵਿੱਚ ਦੁਕਾਨਦਾਰਾਂ ਦੀ ਹੜਤਾਲ ਤੋਂ ਬਾਅਦ ਪੁਲਿਸ ਨੇ ਮਾਮਲਾ ਦਰਜ ਕੀਤਾ ਹੈ ਅਤੇ ਜਾਂਚ ਜਾਰੀ ਹੈ। ਵਿੱਚ ਦੁਕਾਨਦਾਰਾਂ ਦੀ ਹੜਤਾਲ ਤੋਂ ਬਾਅਦ ਪੁਲਿਸ ਨੇ ਮਾਮਲਾ ਦਰਜ ਕੀਤਾ ਹੈ ਅਤੇ ਜਾਂਚ ਜਾਰੀ ਹੈ। ਵਿੱਚ ਦੁਕਾਨਦਾਰਾਂ ਦੀ ਹੜਤਾਲ ਤੋਂ ਬਾਅਦ ਪੁਲਿਸ ਨੇ ਮਾਮਲਾ ਦਰਜ ਕੀਤਾ ਹੈ ਅਤੇ ਜਾਂਚ ਜਾਰੀ ਹੈ। ਵਿੱਚ ਦੁਕਾਨਦਾਰਾਂ ਦੀ ਹੜਤਾਲ ਤੋਂ ਬਾਅਦ ਪੁਲਿਸ ਨੇ ਮਾਮਲਾ ਦਰਜ ਕੀਤਾ ਹੈ ਅਤੇ ਜਾਂਚ ਜਾਰੀ ਹੈ। ਵਿੱਚ ਦੁਕਾਨਦਾਰਾਂ ਦੀ ਹੜਤਾਲ ਤੋਂ ਬਾਅਦ ਪੁਲਿਸ ਨੇ ਮਾਮਲਾ ਦਰਜ ਕੀਤਾ ਹੈ ਅਤੇ ਜਾਂਚ ਜਾਰੀ ਹੈ। ਵਿੱਚ ਦੁਕਾਨਦਾਰਾਂ ਦੀ ਹੜਤਾਲ ਤੋਂ ਬਾਅਦ ਪੁਲਿਸ ਨੇ ਮਾਮਲਾ ਦਰਜ ਕੀਤਾ ਹੈ ਅਤੇ ਜਾਂਚ ਜਾਰੀ ਹੈ। ਵਿੱਚ ਦੁਕਾਨਦਾਰਾਂ ਦੀ ਹੜਤਾਲ ਤੋਂ ਬਾਅਦ ਪੁਲਿਸ ਨੇ ਮਾਮਲਾ ਦਰਜ ਕੀਤਾ ਹੈ ਅਤੇ ਜਾਂਚ ਜਾਰੀ ਹੈ। ਵਿੱਚ ਦੁਕਾਨਦਾਰਾਂ ਦੀ ਹੜਤਾਲ ਤੋਂ ਬਾਅਦ ਪੁਲਿਸ ਨੇ ਮਾਮਲਾ ਦਰਜ ਕੀਤਾ ਹੈ ਅਤੇ ਜਾਂਚ ਜਾਰੀ ਹੈ। ਵਿੱਚ ਦੁਕਾਨਦਾਰਾਂ ਦੀ ਹੜਤਾਲ ਤੋਂ ਬਾਅਦ ਪੁਲਿਸ ਨੇ ਮਾਮਲਾ ਦਰਜ ਕੀਤਾ ਹੈ ਅਤੇ ਜਾਂਚ ਜਾਰੀ ਹੈ। ਵਿੱਚ ਦੁਕਾਨਦਾਰਾਂ ਦੀ ਹੜਤਾਲ ਤੋਂ ਬਾਅਦ ਪੁਲਿਸ ਨੇ ਮਾਮਲਾ ਦਰਜ ਕੀਤਾ ਹੈ ਅਤੇ ਜਾਂਚ ਜਾਰੀ ਹੈ। ਵਿੱਚ ਦੁਕਾਨਦਾਰਾਂ ਦੀ ਹੜਤਾਲ ਤੋਂ ਬਾਅਦ ਪੁਲਿਸ ਨੇ ਮਾਮਲਾ ਦਰਜ ਕੀਤਾ ਹੈ ਅਤੇ ਜਾਂਚ ਜਾਰੀ ਹੈ। ਵਿੱਚ ਦੁਕਾਨਦਾਰਾਂ ਦੀ ਹੜਤਾਲ ਤੋਂ ਬਾਅਦ ਪੁਲਿਸ ਨੇ ਮਾਮਲਾ ਦਰਜ ਕੀਤਾ ਹੈ ਅਤੇ ਜਾਂਚ ਜਾਰੀ ਹੈ। ਵਿੱਚ ਦੁਕਾਨਦਾਰਾਂ ਦੀ ਹੜਤਾਲ ਤੋਂ ਬਾਅਦ ਪੁਲਿਸ ਨੇ ਮਾਮਲਾ ਦਰਜ ਕੀਤਾ ਹੈ ਅਤੇ ਜਾਂਚ ਜਾਰੀ ਹੈ। ਵਿੱਚ ਦੁਕਾਨਦਾਰਾਂ ਦੀ ਹੜਤਾਲ ਤੋਂ ਬਾਅਦ ਪੁਲਿਸ ਨੇ ਮਾਮਲਾ ਦਰਜ ਕੀਤਾ ਹੈ ਅਤੇ ਜਾਂਚ ਜਾਰੀ ਹੈ। ਵਿੱਚ ਦੁਕਾਨਦਾਰਾਂ ਦੀ ਹੜਤਾਲ ਤੋਂ ਬਾਅਦ ਪੁਲਿਸ ਨੇ ਮਾਮਲਾ ਦਰਜ ਕੀਤਾ ਹੈ ਅਤੇ ਜਾਂਚ ਜਾਰੀ ਹੈ। ਵਿੱਚ ਦੁਕਾਨਦਾਰਾਂ ਦੀ ਹੜਤਾਲ ਤੋਂ ਬਾਅਦ ਪੁਲਿਸ ਨੇ ਮਾਮਲਾ ਦਰਜ ਕੀਤਾ ਹੈ ਅਤੇ ਜਾਂਚ ਜਾਰੀ ਹੈ। ਵਿੱਚ ਦੁਕਾਨਦਾਰਾਂ ਦੀ ਹੜਤਾਲ ਤੋਂ ਬਾਅਦ ਪੁਲਿਸ ਨੇ ਮਾਮਲਾ ਦਰਜ ਕੀਤਾ ਹੈ ਅਤੇ ਜਾਂਚ ਜਾਰੀ ਹੈ। ਵਿੱਚ ਦੁਕਾਨਦਾਰਾਂ ਦੀ ਹੜਤਾਲ ਤੋਂ ਬਾਅਦ ਪੁਲਿਸ ਨੇ ਮਾਮਲਾ ਦਰਜ ਕੀਤਾ ਹੈ ਅਤੇ ਜਾਂਚ ਜਾਰੀ ਹੈ। ਵਿੱਚ ਦੁਕਾਨਦਾਰਾਂ ਦੀ ਹੜਤਾਲ ਤੋਂ ਬਾਅਦ ਪੁਲਿਸ ਨੇ ਮਾਮਲਾ ਦਰਜ ਕੀਤਾ ਹੈ ਅਤੇ ਜਾਂਚ ਜਾਰੀ ਹੈ। ਵਿੱਚ ਦੁਕਾਨਦਾਰਾਂ ਦੀ ਹੜਤਾਲ ਤੋਂ ਬਾਅਦ ਪੁਲਿਸ ਨੇ ਮਾਮਲਾ ਦਰਜ ਕੀਤਾ ਹੈ ਅਤੇ ਜਾਂਚ ਜਾਰੀ ਹੈ। ਵਿੱਚ ਦੁਕਾਨਦਾਰਾਂ ਦੀ ਹੜਤਾਲ ਤੋਂ ਬਾਅਦ ਪੁਲਿਸ ਨੇ ਮਾਮਲਾ ਦਰਜ ਕੀਤਾ ਹੈ ਅਤੇ ਜਾਂਚ ਜਾਰੀ ਹੈ। ਵਿੱਚ ਦੁਕਾਨਦਾਰਾਂ ਦੀ ਹੜਤਾਲ ਤੋਂ ਬਾਅਦ ਪੁਲਿਸ ਨੇ ਮਾਮਲਾ ਦਰਜ ਕੀਤਾ ਹੈ ਅਤੇ ਜਾਂਚ ਜਾਰੀ ਹੈ। ਵਿੱਚ ਦੁਕਾਨਦਾਰਾਂ ਦੀ ਹੜਤਾਲ ਤੋਂ ਬਾਅਦ ਪੁਲਿਸ ਨੇ ਮਾਮਲਾ ਦਰਜ ਕੀਤਾ ਹੈ ਅਤੇ ਜਾਂਚ ਜਾਰੀ ਹੈ। ਵਿੱਚ ਦੁਕਾਨਦਾਰਾਂ ਦੀ ਹੜਤਾਲ ਤੋਂ ਬਾਅਦ ਪੁਲਿਸ ਨੇ ਮਾਮਲਾ ਦਰਜ ਕੀਤਾ ਹੈ ਅਤੇ ਜਾਂਚ ਜਾਰੀ ਹੈ।
ਬਾਣੀ ਸੰਪਾਦਕ ਸਵ: ਜਸਪਾਲ ਸਿੰਘ ਹੇਰਾਂ ...
ਸਿੰਘ ਹੇਰਾਂ ਜੀ ਪੰਜਾਬ ਸ਼ਬਦ ਦੇ ਪਹਿਰੇਦਾਰ ਸਨ ਜਿਨ੍ਹਾਂ ਨੇ ਸਾਰੀ ਉਮਰ ਕੌਮ ਦੇ ਹੱਕਾਂ ਲਈ ਕਲਮ ਚਲਾਈ। ਸਿੰਘ ਹੇਰਾਂ ਜੀ ਪੰਜਾਬ ਸ਼ਬਦ ਦੇ ਪਹਿਰੇਦਾਰ ਸਨ ਜਿਨ੍ਹਾਂ ਨੇ ਸਾਰੀ ਉਮਰ ਕੌਮ ਦੇ ਹੱਕਾਂ ਲਈ ਕਲਮ ਚਲਾਈ। ਸਿੰਘ ਹੇਰਾਂ ਜੀ ਪੰਜਾਬ ਸ਼ਬਦ ਦੇ ਪਹਿਰੇਦਾਰ ਸਨ ਜਿਨ੍ਹਾਂ ਨੇ ਸਾਰੀ ਉਮਰ ਕੌਮ ਦੇ ਹੱਕਾਂ ਲਈ ਕਲਮ ਚਲਾਈ। ਸਿੰਘ ਹੇਰਾਂ ਜੀ ਪੰਜਾਬ ਸ਼ਬਦ ਦੇ ਪਹਿਰੇਦਾਰ ਸਨ ਜਿਨ੍ਹਾਂ ਨੇ ਸਾਰੀ ਉਮਰ ਕੌਮ ਦੇ ਹੱਕਾਂ ਲਈ ਕਲਮ ਚਲਾਈ। ਸਿੰਘ ਹੇਰਾਂ ਜੀ ਪੰਜਾਬ ਸ਼ਬਦ ਦੇ ਪਹਿਰੇਦਾਰ ਸਨ ਜਿਨ੍ਹਾਂ ਨੇ ਸਾਰੀ ਉਮਰ ਕੌਮ ਦੇ ਹੱਕਾਂ ਲਈ ਕਲਮ ਚਲਾਈ। ਸਿੰਘ ਹੇਰਾਂ ਜੀ ਪੰਜਾਬ ਸ਼ਬਦ ਦੇ ਪਹਿਰੇਦਾਰ ਸਨ ਜਿਨ੍ਹਾਂ ਨੇ ਸਾਰੀ ਉਮਰ ਕੌਮ ਦੇ ਹੱਕਾਂ ਲਈ ਕਲਮ ਚਲਾਈ। ਸਿੰਘ ਹੇਰਾਂ ਜੀ ਪੰਜਾਬ ਸ਼ਬਦ ਦੇ ਪਹਿਰੇਦਾਰ ਸਨ ਜਿਨ੍ਹਾਂ ਨੇ ਸਾਰੀ ਉਮਰ ਕੌਮ ਦੇ ਹੱਕਾਂ ਲਈ ਕਲਮ ਚਲਾਈ। ਸਿੰਘ ਹੇਰਾਂ ਜੀ ਪੰਜਾਬ ਸ਼ਬਦ ਦੇ ਪਹਿਰੇਦਾਰ ਸਨ ਜਿਨ੍ਹਾਂ ਨੇ ਸਾਰੀ ਉਮਰ ਕੌਮ ਦੇ ਹੱਕਾਂ ਲਈ ਕਲਮ ਚਲਾਈ। ਸਿੰਘ ਹੇਰਾਂ ਜੀ ਪੰਜਾਬ ਸ਼ਬਦ ਦੇ ਪਹਿਰੇਦਾਰ ਸਨ ਜਿਨ੍ਹਾਂ ਨੇ ਸਾਰੀ ਉਮਰ ਕੌਮ ਦੇ ਹੱਕਾਂ ਲਈ ਕਲਮ ਚਲਾਈ। ਸਿੰਘ ਹੇਰਾਂ ਜੀ ਪੰਜਾਬ ਸ਼ਬਦ ਦੇ ਪਹਿਰੇਦਾਰ ਸਨ ਜਿਨ੍ਹਾਂ ਨੇ ਸਾਰੀ ਉਮਰ ਕੌਮ ਦੇ ਹੱਕਾਂ ਲਈ ਕਲਮ ਚਲਾਈ। ਸਿੰਘ ਹੇਰਾਂ ਜੀ ਪੰਜਾਬ ਸ਼ਬਦ ਦੇ ਪਹਿਰੇਦਾਰ ਸਨ ਜਿਨ੍ਹਾਂ ਨੇ ਸਾਰੀ ਉਮਰ ਕੌਮ ਦੇ ਹੱਕਾਂ ਲਈ ਕਲਮ ਚਲਾਈ। ਸਿੰਘ ਹੇਰਾਂ ਜੀ ਪੰਜਾਬ ਸ਼ਬਦ ਦੇ ਪਹਿਰੇਦਾਰ ਸਨ ਜਿਨ੍ਹਾਂ ਨੇ ਸਾਰੀ ਉਮਰ ਕੌਮ ਦੇ ਹੱਕਾਂ ਲਈ ਕਲਮ ਚਲਾਈ। ਸਿੰਘ ਹੇਰਾਂ ਜੀ ਪੰਜਾਬ ਸ਼ਬਦ ਦੇ ਪਹਿਰੇਦਾਰ ਸਨ ਜਿਨ੍ਹਾਂ ਨੇ ਸਾਰੀ ਉਮਰ ਕੌਮ ਦੇ ਹੱਕਾਂ ਲਈ ਕਲਮ ਚਲਾਈ। ਸਿੰਘ ਹੇਰਾਂ ਜੀ ਪੰਜਾਬ ਸ਼ਬਦ ਦੇ ਪਹਿਰੇਦਾਰ ਸਨ ਜਿਨ੍ਹਾਂ ਨੇ ਸਾਰੀ ਉਮਰ ਕੌਮ ਦੇ ਹੱਕਾਂ ਲਈ ਕਲਮ ਚਲਾਈ। ਸਿੰਘ ਹੇਰਾਂ ਜੀ ਪੰਜਾਬ ਸ਼ਬਦ ਦੇ ਪਹਿਰੇਦਾਰ ਸਨ ਜਿਨ੍ਹਾਂ ਨੇ ਸਾਰੀ ਉਮਰ ਕੌਮ ਦੇ ਹੱਕਾਂ ਲਈ ਕਲਮ ਚਲਾਈ। ਸਿੰਘ ਹੇਰਾਂ ਜੀ ਪੰਜਾਬ ਸ਼ਬਦ ਦੇ ਪਹਿਰੇਦਾਰ ਸਨ ਜਿਨ੍ਹਾਂ ਨੇ ਸਾਰੀ ਉਮਰ ਕੌਮ ਦੇ ਹੱਕਾਂ ਲਈ ਕਲਮ ਚਲਾਈ। ਸਿੰਘ ਹੇਰਾਂ ਜੀ ਪੰਜਾਬ ਸ਼ਬਦ ਦੇ ਪਹਿਰੇਦਾਰ ਸਨ ਜਿਨ੍ਹਾਂ ਨੇ ਸਾਰੀ ਉਮਰ ਕੌਮ ਦੇ ਹੱਕਾਂ ਲਈ ਕਲਮ ਚਲਾਈ। ਸਿੰਘ ਹੇਰਾਂ ਜੀ ਪੰਜਾਬ ਸ਼ਬਦ ਦੇ ਪਹਿਰੇਦਾਰ ਸਨ ਜਿਨ੍ਹਾਂ ਨੇ ਸਾਰੀ ਉਮਰ ਕੌਮ ਦੇ ਹੱਕਾਂ ਲਈ ਕਲਮ ਚਲਾਈ। ਸਿੰਘ ਹੇਰਾਂ ਜੀ ਪੰਜਾਬ ਸ਼ਬਦ ਦੇ ਪਹਿਰੇਦਾਰ ਸਨ ਜਿਨ੍ਹਾਂ ਨੇ ਸਾਰੀ ਉਮਰ ਕੌਮ ਦੇ ਹੱਕਾਂ ਲਈ ਕਲਮ ਚਲਾਈ। ਸਿੰਘ ਹੇਰਾਂ ਜੀ ਪੰਜਾਬ ਸ਼ਬਦ ਦੇ ਪਹਿਰੇਦਾਰ ਸਨ ਜਿਨ੍ਹਾਂ ਨੇ ਸਾਰੀ ਉਮਰ ਕੌਮ ਦੇ ਹੱਕਾਂ ਲਈ ਕਲਮ ਚਲਾਈ। ਸਿੰਘ ਹੇਰਾਂ ਜੀ ਪੰਜਾਬ ਸ਼ਬਦ ਦੇ ਪਹਿਰੇਦਾਰ ਸਨ ਜਿਨ੍ਹਾਂ ਨੇ ਸਾਰੀ ਉਮਰ ਕੌਮ ਦੇ ਹੱਕਾਂ ਲਈ ਕਲਮ ਚਲਾਈ। ਸਿੰਘ ਹੇਰਾਂ ਜੀ ਪੰਜਾਬ ਸ਼ਬਦ ਦੇ ਪਹਿਰੇਦਾਰ ਸਨ ਜਿਨ੍ਹਾਂ ਨੇ ਸਾਰੀ ਉਮਰ ਕੌਮ ਦੇ ਹੱਕਾਂ ਲਈ ਕਲਮ ਚਲਾਈ। ਸਿੰਘ ਹੇਰਾਂ ਜੀ ਪੰਜਾਬ ਸ਼ਬਦ ਦੇ ਪਹਿਰੇਦਾਰ ਸਨ ਜਿਨ੍ਹਾਂ ਨੇ ਸਾਰੀ ਉਮਰ ਕੌਮ ਦੇ ਹੱਕਾਂ ਲਈ ਕਲਮ ਚਲਾਈ। ਸਿੰਘ ਹੇਰਾਂ ਜੀ ਪੰਜਾਬ ਸ਼ਬਦ ਦੇ ਪਹਿਰੇਦਾਰ ਸਨ ਜਿਨ੍ਹਾਂ ਨੇ ਸਾਰੀ ਉਮਰ ਕੌਮ ਦੇ ਹੱਕਾਂ ਲਈ ਕਲਮ ਚਲਾਈ। ਸਿੰਘ ਹੇਰਾਂ ਜੀ ਪੰਜਾਬ ਸ਼ਬਦ ਦੇ ਪਹਿਰੇਦਾਰ ਸਨ ਜਿਨ੍ਹਾਂ ਨੇ ਸਾਰੀ ਉਮਰ ਕੌਮ ਦੇ ਹੱਕਾਂ ਲਈ ਕਲਮ ਚਲਾਈ। ਸਿੰਘ ਹੇਰਾਂ ਜੀ ਪੰਜਾਬ ਸ਼ਬਦ ਦੇ ਪਹਿਰੇਦਾਰ ਸਨ ਜਿਨ੍ਹਾਂ ਨੇ ਸਾਰੀ ਉਮਰ ਕੌਮ ਦੇ ਹੱਕਾਂ ਲਈ ਕਲਮ ਚਲਾਈ। ਸਿੰਘ ਹੇਰਾਂ ਜੀ ਪੰਜਾਬ ਸ਼ਬਦ ਦੇ ਪਹਿਰੇਦਾਰ ਸਨ ਜਿਨ੍ਹਾਂ ਨੇ ਸਾਰੀ ਉਮਰ ਕੌਮ ਦੇ ਹੱਕਾਂ ਲਈ ਕਲਮ ਚਲਾਈ। ਸਿੰਘ ਹੇਰਾਂ ਜੀ ਪੰਜਾਬ ਸ਼ਬਦ ਦੇ ਪਹਿਰੇਦਾਰ ਸਨ ਜਿਨ੍ਹਾਂ ਨੇ ਸਾਰੀ ਉਮਰ ਕੌਮ ਦੇ ਹੱਕਾਂ ਲਈ ਕਲਮ ਚਲਾਈ। ਸਿੰਘ ਹੇਰਾਂ ਜੀ ਪੰਜਾਬ ਸ਼ਬਦ ਦੇ ਪਹਿਰੇਦਾਰ ਸਨ ਜਿਨ੍ਹਾਂ ਨੇ ਸਾਰੀ ਉਮਰ ਕੌਮ ਦੇ ਹੱਕਾਂ ਲਈ ਕਲਮ ਚਲਾਈ। ਸਿੰਘ ਹੇਰਾਂ ਜੀ ਪੰਜਾਬ ਸ਼ਬਦ ਦੇ ਪਹਿਰੇਦਾਰ ਸਨ ਜਿਨ੍ਹਾਂ ਨੇ ਸਾਰੀ ਉਮਰ ਕੌਮ ਦੇ ਹੱਕਾਂ ਲਈ ਕਲਮ ਚਲਾਈ।
ਪੰਜਾਬ ਦੇ ਆੜ੍ਹਤੀਆਂ ਨੇ ...
ਸ੍ਰ. ਵਿਜੈ ਕਾਲੜਾ ਨੇ ਕਿਹਾ ਕਿ ਆੜ੍ਹਤੀਆਂ ਦੀਆਂ ਮੰਗਾਂ ਸਬੰਧੀ ਸਰਕਾਰ ਨਾਲ ਗੱਲਬਾਤ ਜਾਰੀ ਹੈ। ਉਨ੍ਹਾਂ ਅੱਗੇ ਕਿਹਾ, 'ਇਹ ਜ਼ਰੂਰੀ ਨਹੀਂ ਹੈ ਕਿ ਸਾਡੇ ਹਰ ਕਦਮ ਵਿੱਚ ਸਰਕਾਰ ਸਾਥ ਦੇਵੇ।' ਸ੍ਰ. ਵਿਜੈ ਕਾਲੜਾ ਨੇ ਕਿਹਾ ਕਿ ਆੜ੍ਹਤੀਆਂ ਦੀਆਂ ਮੰਗਾਂ ਸਬੰਧੀ ਸਰਕਾਰ ਨਾਲ ਗੱਲਬਾਤ ਜਾਰੀ ਹੈ। ਉਨ੍ਹਾਂ ਅੱਗੇ ਕਿਹਾ, 'ਇਹ ਜ਼ਰੂਰੀ ਨਹੀਂ ਹੈ ਕਿ ਸਾਡੇ ਹਰ ਕਦਮ ਵਿੱਚ ਸਰਕਾਰ ਸਾਥ ਦੇਵੇ।' ਸ੍ਰ. ਵਿਜੈ ਕਾਲੜਾ ਨੇ ਕਿਹਾ ਕਿ ਆੜ੍ਹਤੀਆਂ ਦੀਆਂ ਮੰਗਾਂ ਸਬੰਧੀ ਸਰਕਾਰ ਨਾਲ ਗੱਲਬਾਤ ਜਾਰੀ ਹੈ। ਉਨ੍ਹਾਂ ਅੱਗੇ ਕਿਹਾ, 'ਇਹ ਜ਼ਰੂਰੀ ਨਹੀਂ ਹੈ ਕਿ ਸਾਡੇ ਹਰ ਕਦਮ ਵਿੱਚ ਸਰਕਾਰ ਸਾਥ ਦੇਵੇ।' ਸ੍ਰ. ਵਿਜੈ ਕਾਲੜਾ ਨੇ ਕਿਹਾ ਕਿ ਆੜ੍ਹਤੀਆਂ ਦੀਆਂ ਮੰਗਾਂ ਸਬੰਧੀ ਸਰਕਾਰ ਨਾਲ ਗੱਲਬਾਤ ਜਾਰੀ ਹੈ। ਉਨ੍ਹਾਂ ਅੱਗੇ ਕਿਹਾ, 'ਇਹ ਜ਼ਰੂਰੀ ਨਹੀਂ ਹੈ ਕਿ ਸਾਡੇ ਹਰ ਕਦਮ ਵਿੱਚ ਸਰਕਾਰ ਸਾਥ ਦੇਵੇ।' ਸ੍ਰ. ਵਿਜੈ ਕਾਲੜਾ ਨੇ ਕਿਹਾ ਕਿ ਆੜ੍ਹਤੀਆਂ ਦੀਆਂ ਮੰਗਾਂ ਸਬੰਧੀ ਸਰਕਾਰ ਨਾਲ ਗੱਲਬਾਤ ਜਾਰੀ ਹੈ। ਉਨ੍ਹਾਂ ਅੱਗੇ ਕਿਹਾ, 'ਇਹ ਜ਼ਰੂਰੀ ਨਹੀਂ ਹੈ ਕਿ ਸਾਡੇ ਹਰ ਕਦਮ ਵਿੱਚ ਸਰਕਾਰ ਸਾਥ ਦੇਵੇ।' ਸ੍ਰ. ਵਿਜੈ ਕਾਲੜਾ ਨੇ ਕਿਹਾ ਕਿ ਆੜ੍ਹਤੀਆਂ ਦੀਆਂ ਮੰਗਾਂ ਸਬੰਧੀ ਸਰਕਾਰ ਨਾਲ ਗੱਲਬਾਤ ਜਾਰੀ ਹੈ। ਉਨ੍ਹਾਂ ਅੱਗੇ ਕਿਹਾ, 'ਇਹ ਜ਼ਰੂਰੀ ਨਹੀਂ ਹੈ ਕਿ ਸਾਡੇ ਹਰ ਕਦਮ ਵਿੱਚ ਸਰਕਾਰ ਸਾਥ ਦੇਵੇ।' ਸ੍ਰ. ਵਿਜੈ ਕਾਲੜਾ ਨੇ ਕਿਹਾ ਕਿ ਆੜ੍ਹਤੀਆਂ ਦੀਆਂ ਮੰਗਾਂ ਸਬੰਧੀ ਸਰਕਾਰ ਨਾਲ ਗੱਲਬਾਤ ਜਾਰੀ ਹੈ। ਉਨ੍ਹਾਂ ਅੱਗੇ ਕਿਹਾ, 'ਇਹ ਜ਼ਰੂਰੀ ਨਹੀਂ ਹੈ ਕਿ ਸਾਡੇ ਹਰ ਕਦਮ ਵਿੱਚ ਸਰਕਾਰ ਸਾਥ ਦੇਵੇ।' ਸ੍ਰ. ਵਿਜੈ ਕਾਲੜਾ ਨੇ ਕਿਹਾ ਕਿ ਆੜ੍ਹਤੀਆਂ ਦੀਆਂ ਮੰਗਾਂ ਸਬੰਧੀ ਸਰਕਾਰ ਨਾਲ ਗੱਲਬਾਤ ਜਾਰੀ ਹੈ। ਉਨ੍ਹਾਂ ਅੱਗੇ ਕਿਹਾ, 'ਇਹ ਜ਼ਰੂਰੀ ਨਹੀਂ ਹੈ ਕਿ ਸਾਡੇ ਹਰ ਕਦਮ ਵਿੱਚ ਸਰਕਾਰ ਸਾਥ ਦੇਵੇ।' ਸ੍ਰ. ਵਿਜੈ ਕਾਲੜਾ ਨੇ ਕਿਹਾ ਕਿ ਆੜ੍ਹਤੀਆਂ ਦੀਆਂ ਮੰਗਾਂ ਸਬੰਧੀ ਸਰਕਾਰ ਨਾਲ ਗੱਲਬਾਤ ਜਾਰੀ ਹੈ। ਉਨ੍ਹਾਂ ਅੱਗੇ ਕਿਹਾ, 'ਇਹ ਜ਼ਰੂਰੀ ਨਹੀਂ ਹੈ ਕਿ ਸਾਡੇ ਹਰ ਕਦਮ ਵਿੱਚ ਸਰਕਾਰ ਸਾਥ ਦੇਵੇ।' ਸ੍ਰ. ਵਿਜੈ ਕਾਲੜਾ ਨੇ ਕਿਹਾ ਕਿ ਆੜ੍ਹਤੀਆਂ ਦੀਆਂ ਮੰਗਾਂ ਸਬੰਧੀ ਸਰਕਾਰ ਨਾਲ ਗੱਲਬਾਤ ਜਾਰੀ ਹੈ। ਉਨ੍ਹਾਂ ਅੱਗੇ ਕਿਹਾ, 'ਇਹ ਜ਼ਰੂਰੀ ਨਹੀਂ ਹੈ ਕਿ ਸਾਡੇ ਹਰ ਕਦਮ ਵਿੱਚ ਸਰਕਾਰ ਸਾਥ ਦੇਵੇ।'
ਅਸੀਂ ਹਰੇਕ ਮੁੱਦਿਆਂ ਨੂੰ ਹੱਲ ਕਰਨ ਲਈ ਕਈ ਵੱਡੀ ਕਾਮੀ ਮੀਟਿੰਗ ਕਰੀਏ। ਛੋਟੇ ਪਰ ਸੁਚਿਤ ਕੰਟਰੋਲ ਵੀ ਚੰਗੀਆਂ ਸਮੱਸਿਆਵਾਂ ਨੂੰ ਹੱਲ ਕਰ ਸਕਦੇ ਹਨ। ਅਸੀਂ ਹਰੇਕ ਮੁੱਦਿਆਂ ਨੂੰ ਹੱਲ ਕਰਨ ਲਈ ਕਈ ਵੱਡੀ ਕਾਮੀ ਮੀਟਿੰਗ ਕਰੀਏ। ਛੋਟੇ ਪਰ ਸੁਚਿਤ ਕੰਟਰੋਲ ਵੀ ਚੰਗੀਆਂ ਸਮੱਸਿਆਵਾਂ ਨੂੰ ਹੱਲ ਕਰ ਸਕਦੇ ਹਨ। ਅਸੀਂ ਹਰੇਕ ਮੁੱਦਿਆਂ ਨੂੰ ਹੱਲ ਕਰਨ ਲਈ ਕਈ ਵੱਡੀ ਕਾਮੀ ਮੀਟਿੰਗ ਕਰੀਏ। ਛੋਟੇ ਪਰ ਸੁਚਿਤ ਕੰਟਰੋਲ ਵੀ ਚੰਗੀਆਂ ਸਮੱਸਿਆਵਾਂ ਨੂੰ ਹੱਲ ਕਰ ਸਕਦੇ ਹਨ। ਅਸੀਂ ਹਰੇਕ ਮੁੱਦਿਆਂ ਨੂੰ ਹੱਲ ਕਰਨ ਲਈ ਕਈ ਵੱਡੀ ਕਾਮੀ ਮੀਟਿੰਗ ਕਰੀਏ। ਛੋਟੇ ਪਰ ਸੁਚਿਤ ਕੰਟਰੋਲ ਵੀ ਚੰਗੀਆਂ ਸਮੱਸਿਆਵਾਂ ਨੂੰ ਹੱਲ ਕਰ ਸਕਦੇ ਹਨ। ਅਸੀਂ ਹਰੇਕ ਮੁੱਦਿਆਂ ਨੂੰ ਹੱਲ ਕਰਨ ਲਈ ਕਈ ਵੱਡੀ ਕਾਮੀ ਮੀਟਿੰਗ ਕਰੀਏ। ਛੋਟੇ ਪਰ ਸੁਚਿਤ ਕੰਟਰੋਲ ਵੀ ਚੰਗੀਆਂ ਸਮੱਸਿਆਵਾਂ ਨੂੰ ਹੱਲ ਕਰ ਸਕਦੇ ਹਨ। ਅਸੀਂ ਹਰੇਕ ਮੁੱਦਿਆਂ ਨੂੰ ਹੱਲ ਕਰਨ ਲਈ ਕਈ ਵੱਡੀ ਕਾਮੀ ਮੀਟਿੰਗ ਕਰੀਏ। ਛੋਟੇ ਪਰ ਸੁਚਿਤ ਕੰਟਰੋਲ ਵੀ ਚੰਗੀਆਂ ਸਮੱਸਿਆਵਾਂ ਨੂੰ ਹੱਲ ਕਰ ਸਕਦੇ ਹਨ। ਅਸੀਂ ਹਰੇਕ ਮੁੱਦਿਆਂ ਨੂੰ ਹੱਲ ਕਰਨ ਲਈ ਕਈ ਵੱਡੀ ਕਾਮੀ ਮੀਟਿੰਗ ਕਰੀਏ। ਛੋਟੇ ਪਰ ਸੁਚਿਤ ਕੰਟਰੋਲ ਵੀ ਚੰਗੀਆਂ ਸਮੱਸਿਆਵਾਂ ਨੂੰ ਹੱਲ ਕਰ ਸਕਦੇ ਹਨ। ਅਸੀਂ ਹਰੇਕ ਮੁੱਦਿਆਂ ਨੂੰ ਹੱਲ ਕਰਨ ਲਈ ਕਈ ਵੱਡੀ ਕਾਮੀ ਮੀਟਿੰਗ ਕਰੀਏ। ਛੋਟੇ ਪਰ ਸੁਚਿਤ ਕੰਟਰੋਲ ਵੀ ਚੰਗੀਆਂ ਸਮੱਸਿਆਵਾਂ ਨੂੰ ਹੱਲ ਕਰ ਸਕਦੇ ਹਨ।
ਆਰ.ਬੀ.ਆਈ. ਵੱਲੋਂ ਰੈਪੋ ਰੇਟ ...
ਦਾ ਐਲਾਨ ਕੀਤਾ ਗਿਆ। ਰਿਜ਼ਰਵ ਬੈਂਕ ਨੇ ਰੈਪੋ ਰੇਟ 5.25 ਫ਼ੀਸਦੀ 'ਤੇ ਬਰਕਰਾਰ ਰੱਖਿਆ ਹੈ ਅਤੇ ਵਿੱਤੀ ਸਾਲ 2026-27 ਲਈ ਜੀਡੀਪੀ ਵਿਕਾਸ ਦਰ 6.50 ਫ਼ੀਸਦੀ ਰਹਿਣ ਦਾ ਅਨੁਮਾਨ ਹੈ। ਦਾ ਐਲਾਨ ਕੀਤਾ ਗਿਆ। ਰਿਜ਼ਰਵ ਬੈਂਕ ਨੇ ਰੈਪੋ ਰੇਟ 5.25 ਫ਼ੀਸਦੀ 'ਤੇ ਬਰਕਰਾਰ ਰੱਖਿਆ ਹੈ ਅਤੇ ਵਿੱਤੀ ਸਾਲ 2026-27 ਲਈ ਜੀਡੀਪੀ ਵਿਕਾਸ ਦਰ 6.50 ਫ਼ੀਸਦੀ ਰਹਿਣ ਦਾ ਅਨੁਮਾਨ ਹੈ। ਦਾ ਐਲਾਨ ਕੀਤਾ ਗਿਆ। ਰਿਜ਼ਰਵ ਬੈਂਕ ਨੇ ਰੈਪੋ ਰੇਟ 5.25 ਫ਼ੀਸਦੀ 'ਤੇ ਬਰਕਰਾਰ ਰੱਖਿਆ ਹੈ ਅਤੇ ਵਿੱਤੀ ਸਾਲ 2026-27 ਲਈ ਜੀਡੀਪੀ ਵਿਕਾਸ ਦਰ 6.50 ਫ਼ੀਸਦੀ ਰਹਿਣ ਦਾ ਅਨੁਮਾਨ ਹੈ। ਦਾ ਐਲਾਨ ਕੀਤਾ ਗਿਆ। ਰਿਜ਼ਰਵ ਬੈਂਕ ਨੇ ਰੈਪੋ ਰੇਟ 5.25 ਫ਼ੀਸਦੀ 'ਤੇ ਬਰਕਰਾਰ ਰੱਖਿਆ ਹੈ ਅਤੇ ਵਿੱਤੀ ਸਾਲ 2026-27 ਲਈ ਜੀਡੀਪੀ ਵਿਕਾਸ ਦਰ 6.50 ਫ਼ੀਸਦੀ ਰਹਿਣ ਦਾ ਅਨੁਮਾਨ ਹੈ। ਦਾ ਐਲਾਨ ਕੀਤਾ ਗਿਆ। ਰਿਜ਼ਰਵ ਬੈਂਕ ਨੇ ਰੈਪੋ ਰੇਟ 5.25 ਫ਼ੀਸਦੀ 'ਤੇ ਬਰਕਰਾਰ ਰੱਖਿਆ ਹੈ ਅਤੇ ਵਿੱਤੀ ਸਾਲ 2026-27 ਲਈ ਜੀਡੀਪੀ ਵਿਕਾਸ ਦਰ 6.50 ਫ਼ੀਸਦੀ ਰਹਿਣ ਦਾ ਅਨੁਮਾਨ ਹੈ। ਦਾ ਐਲਾਨ ਕੀਤਾ ਗਿਆ। ਰਿਜ਼ਰਵ ਬੈਂਕ ਨੇ ਰੈਪੋ ਰੇਟ 5.25 ਫ਼ੀਸਦੀ 'ਤੇ ਬਰਕਰਾਰ ਰੱਖਿਆ ਹੈ ਅਤੇ ਵਿੱਤੀ ਸਾਲ 2026-27 ਲਈ ਜੀਡੀਪੀ ਵਿਕਾਸ ਦਰ 6.50 ਫ਼ੀਸਦੀ ਰਹਿਣ ਦਾ ਅਨੁਮਾਨ ਹੈ। ਦਾ ਐਲਾਨ ਕੀਤਾ ਗਿਆ। ਰਿਜ਼ਰਵ ਬੈਂਕ ਨੇ ਰੈਪੋ ਰੇਟ 5.25 ਫ਼ੀਸਦੀ 'ਤੇ ਬਰਕਰਾਰ ਰੱਖਿਆ ਹੈ ਅਤੇ ਵਿੱਤੀ ਸਾਲ 2026-27 ਲਈ ਜੀਡੀਪੀ ਵਿਕਾਸ ਦਰ 6.50 ਫ਼ੀਸਦੀ ਰਹਿਣ ਦਾ ਅਨੁਮਾਨ ਹੈ। ਦਾ ਐਲਾਨ ਕੀਤਾ ਗਿਆ। ਰਿਜ਼ਰਵ ਬੈਂਕ ਨੇ ਰੈਪੋ ਰੇਟ 5.25 ਫ਼ੀਸਦੀ 'ਤੇ ਬਰਕਰਾਰ ਰੱਖਿਆ ਹੈ ਅਤੇ ਵਿੱਤੀ ਸਾਲ 2026-27 ਲਈ ਜੀਡੀਪੀ ਵਿਕਾਸ ਦਰ 6.50 ਫ਼ੀਸਦੀ ਰਹਿਣ ਦਾ ਅਨੁਮਾਨ ਹੈ। ਦਾ ਐਲਾਨ ਕੀਤਾ ਗਿਆ। ਰਿਜ਼ਰਵ ਬੈਂਕ ਨੇ ਰੈਪੋ ਰੇਟ 5.25 ਫ਼ੀਸਦੀ 'ਤੇ ਬਰਕਰਾਰ ਰੱਖਿਆ ਹੈ ਅਤੇ ਵਿੱਤੀ ਸਾਲ 2026-27 ਲਈ ਜੀਡੀਪੀ ਵਿਕਾਸ ਦਰ 6.50 ਫ਼ੀਸਦੀ ਰਹਿਣ ਦਾ ਅਨੁਮਾਨ ਹੈ।
ਪੰਜਾਬ 'ਚ ਮੀਂਹ ਤੇ ਗੜ੍ਹੇਮਾਰੀ ਨਾਲ ...
ਗਈ ਅਤੇ ਕਣਕ ਦੀ ਫ਼ਸਲ ਨੂੰ ਭਾਰੀ ਨੁਕਸਾਨ ਹੋਇਆ। ਕਿਸਾਨਾਂ ਨੇ ਸਰਕਾਰ ਤੋਂ ਗਿਰਦਾਵਰੀ ਕਰਵਾ ਕੇ ਮੁਆਵਜ਼ਾ ਦੇਣ ਦੀ ਮੰਗ ਕੀਤੀ ਹੈ। ਗਈ ਅਤੇ ਕਣਕ ਦੀ ਫ਼ਸਲ ਨੂੰ ਭਾਰੀ ਨੁਕਸਾਨ ਹੋਇਆ। ਕਿਸਾਨਾਂ ਨੇ ਸਰਕਾਰ ਤੋਂ ਗਿਰਦਾਵਰੀ ਕਰਵਾ ਕੇ ਮੁਆਵਜ਼ਾ ਦੇਣ ਦੀ ਮੰਗ ਕੀਤੀ ਹੈ। ਗਈ ਅਤੇ ਕਣਕ ਦੀ ਫ਼ਸਲ ਨੂੰ ਭਾਰੀ ਨੁਕਸਾਨ ਹੋਇਆ। ਕਿਸਾਨਾਂ ਨੇ ਸਰਕਾਰ ਤੋਂ ਗਿਰਦਾਵਰੀ ਕਰਵਾ ਕੇ ਮੁਆਵਜ਼ਾ ਦੇਣ ਦੀ ਮੰਗ ਕੀਤੀ ਹੈ। ਗਈ ਅਤੇ ਕਣਕ ਦੀ ਫ਼ਸਲ ਨੂੰ ਭਾਰੀ ਨੁਕਸਾਨ ਹੋਇਆ। ਕਿਸਾਨਾਂ ਨੇ ਸਰਕਾਰ ਤੋਂ ਗਿਰਦਾਵਰੀ ਕਰਵਾ ਕੇ ਮੁਆਵਜ਼ਾ ਦੇਣ ਦੀ ਮੰਗ ਕੀਤੀ ਹੈ। ਗਈ ਅਤੇ ਕਣਕ ਦੀ ਫ਼ਸਲ ਨੂੰ ਭਾਰੀ ਨੁਕਸਾਨ ਹੋਇਆ। ਕਿਸਾਨਾਂ ਨੇ ਸਰਕਾਰ ਤੋਂ ਗਿਰਦਾਵਰੀ ਕਰਵਾ ਕੇ ਮੁਆਵਜ਼ਾ ਦੇਣ ਦੀ ਮੰਗ ਕੀਤੀ ਹੈ। ਗਈ ਅਤੇ ਕਣਕ ਦੀ ਫ਼ਸਲ ਨੂੰ ਭਾਰੀ ਨੁਕਸਾਨ ਹੋਇਆ। ਕਿਸਾਨਾਂ ਨੇ ਸਰਕਾਰ ਤੋਂ ਗਿਰਦਾਵਰੀ ਕਰਵਾ ਕੇ ਮੁਆਵਜ਼ਾ ਦੇਣ ਦੀ ਮੰਗ ਕੀਤੀ ਹੈ। ਗਈ ਅਤੇ ਕਣਕ ਦੀ ਫ਼ਸਲ ਨੂੰ ਭਾਰੀ ਨੁਕਸਾਨ ਹੋਇਆ। ਕਿਸਾਨਾਂ ਨੇ ਸਰਕਾਰ ਤੋਂ ਗਿਰਦਾਵਰੀ ਕਰਵਾ ਕੇ ਮੁਆਵਜ਼ਾ ਦੇਣ ਦੀ ਮੰਗ ਕੀਤੀ ਹੈ। ਗਈ ਅਤੇ ਕਣਕ ਦੀ ਫ਼ਸਲ ਨੂੰ ਭਾਰੀ ਨੁਕਸਾਨ ਹੋਇਆ। ਕਿਸਾਨਾਂ ਨੇ ਸਰਕਾਰ ਤੋਂ ਗਿਰਦਾਵਰੀ ਕਰਵਾ ਕੇ ਮੁਆਵਜ਼ਾ ਦੇਣ ਦੀ ਮੰਗ ਕੀਤੀ ਹੈ। ਗਈ ਅਤੇ ਕਣਕ ਦੀ ਫ਼ਸਲ ਨੂੰ ਭਾਰੀ ਨੁਕਸਾਨ ਹੋਇਆ। ਕਿਸਾਨਾਂ ਨੇ ਸਰਕਾਰ ਤੋਂ ਗਿਰਦਾਵਰੀ ਕਰਵਾ ਕੇ ਮੁਆਵਜ਼ਾ ਦੇਣ ਦੀ ਮੰਗ ਕੀਤੀ ਹੈ। ਗਈ ਅਤੇ ਕਣਕ ਦੀ ਫ਼ਸਲ ਨੂੰ ਭਾਰੀ ਨੁਕਸਾਨ ਹੋਇਆ। ਕਿਸਾਨਾਂ ਨੇ ਸਰਕਾਰ ਤੋਂ ਗਿਰਦਾਵਰੀ ਕਰਵਾ ਕੇ ਮੁਆਵਜ਼ਾ ਦੇਣ ਦੀ ਮੰਗ ਕੀਤੀ ਹੈ। ਗਈ ਅਤੇ ਕਣਕ ਦੀ ਫ਼ਸਲ ਨੂੰ ਭਾਰੀ ਨੁਕਸਾਨ ਹੋਇਆ। ਕਿਸਾਨਾਂ ਨੇ ਸਰਕਾਰ ਤੋਂ ਗਿਰਦਾਵਰੀ ਕਰਵਾ ਕੇ ਮੁਆਵਜ਼ਾ ਦੇਣ ਦੀ ਮੰਗ ਕੀਤੀ ਹੈ। ਗਈ ਅਤੇ ਕਣਕ ਦੀ ਫ਼ਸਲ ਨੂੰ ਭਾਰੀ ਨੁਕਸਾਨ ਹੋਇਆ। ਕਿਸਾਨਾਂ ਨੇ ਸਰਕਾਰ ਤੋਂ ਗਿਰਦਾਵਰੀ ਕਰਵਾ ਕੇ ਮੁਆਵਜ਼ਾ ਦੇਣ ਦੀ ਮੰਗ ਕੀਤੀ ਹੈ। ਗਈ ਅਤੇ ਕਣਕ ਦੀ ਫ਼ਸਲ ਨੂੰ ਭਾਰੀ ਨੁਕਸਾਨ ਹੋਇਆ। ਕਿਸਾਨਾਂ ਨੇ ਸਰਕਾਰ ਤੋਂ ਗਿਰਦਾਵਰੀ ਕਰਵਾ ਕੇ ਮੁਆਵਜ਼ਾ ਦੇਣ ਦੀ ਮੰਗ ਕੀਤੀ ਹੈ। ਗਈ ਅਤੇ ਕਣਕ ਦੀ ਫ਼ਸਲ ਨੂੰ ਭਾਰੀ ਨੁਕਸਾਨ ਹੋਇਆ। ਕਿਸਾਨਾਂ ਨੇ ਸਰਕਾਰ ਤੋਂ ਗਿਰਦਾਵਰੀ ਕਰਵਾ ਕੇ ਮੁਆਵਜ਼ਾ ਦੇਣ ਦੀ ਮੰਗ ਕੀਤੀ ਹੈ। ਗਈ ਅਤੇ ਕਣਕ ਦੀ ਫ਼ਸਲ ਨੂੰ ਭਾਰੀ ਨੁਕਸਾਨ ਹੋਇਆ। ਕਿਸਾਨਾਂ ਨੇ ਸਰਕਾਰ ਤੋਂ ਗਿਰਦਾਵਰੀ ਕਰਵਾ ਕੇ ਮੁਆਵਜ਼ਾ ਦੇਣ ਦੀ ਮੰਗ ਕੀਤੀ ਹੈ। ਗਈ ਅਤੇ ਕਣਕ ਦੀ ਫ਼ਸਲ ਨੂੰ ਭਾਰੀ ਨੁਕਸਾਨ ਹੋਇਆ। ਕਿਸਾਨਾਂ ਨੇ ਸਰਕਾਰ ਤੋਂ ਗਿਰਦਾਵਰੀ ਕਰਵਾ ਕੇ ਮੁਆਵਜ਼ਾ ਦੇਣ ਦੀ ਮੰਗ ਕੀਤੀ ਹੈ। ਗਈ ਅਤੇ ਕਣਕ ਦੀ ਫ਼ਸਲ ਨੂੰ ਭਾਰੀ ਨੁਕਸਾਨ ਹੋਇਆ। ਕਿਸਾਨਾਂ ਨੇ ਸਰਕਾਰ ਤੋਂ ਗਿਰਦਾਵਰੀ ਕਰਵਾ ਕੇ ਮੁਆਵਜ਼ਾ ਦੇਣ ਦੀ ਮੰਗ ਕੀਤੀ ਹੈ। ਗਈ ਅਤੇ ਕਣਕ ਦੀ ਫ਼ਸਲ ਨੂੰ ਭਾਰੀ ਨੁਕਸਾਨ ਹੋਇਆ। ਕਿਸਾਨਾਂ ਨੇ ਸਰਕਾਰ ਤੋਂ ਗਿਰਦਾਵਰੀ ਕਰਵਾ ਕੇ ਮੁਆਵਜ਼ਾ ਦੇਣ ਦੀ ਮੰਗ ਕੀਤੀ ਹੈ। ਗਈ ਅਤੇ ਕਣਕ ਦੀ ਫ਼ਸਲ ਨੂੰ ਭਾਰੀ ਨੁਕਸਾਨ ਹੋਇਆ। ਕਿਸਾਨਾਂ ਨੇ ਸਰਕਾਰ ਤੋਂ ਗਿਰਦਾਵਰੀ ਕਰਵਾ ਕੇ ਮੁਆਵਜ਼ਾ ਦੇਣ ਦੀ ਮੰਗ ਕੀਤੀ ਹੈ।
ਪੰਜਾਬ 'ਚ ਮੀਂਹ ਤੇ ਗੜ੍ਹੇਮਾਰੀ : ਬੁੱਝੀਆਂ
ਉਧਰ ਪੰਜਾਬੀ ਟੀਮ ਡੈਸਕ ਦੀ ਅਗਵਾਈ ਵਿੱਚ ਮੀਂਹ ਤੇ ਗੜ੍ਹੇਮਾਰੀ ਨਾਲ ਹੋਏ ਨੁਕਸਾਨ ਦਾ ਜਾਇਜ਼ਾ ਲਿਆ ਗਿਆ। ਉਧਰ ਪੰਜਾਬੀ ਟੀਮ ਡੈਸਕ ਦੀ ਅਗਵਾਈ ਵਿੱਚ ਮੀਂਹ ਤੇ ਗੜ੍ਹੇਮਾਰੀ ਨਾਲ ਹੋਏ ਨੁਕਸਾਨ ਦਾ ਜਾਇਜ਼ਾ ਲਿਆ ਗਿਆ। ਉਧਰ ਪੰਜਾਬੀ ਟੀਮ ਡੈਸਕ ਦੀ ਅਗਵਾਈ ਵਿੱਚ ਮੀਂਹ ਤੇ ਗੜ੍ਹੇਮਾਰੀ ਨਾਲ ਹੋਏ ਨੁਕਸਾਨ ਦਾ ਜਾਇਜ਼ਾ ਲਿਆ ਗਿਆ। ਉਧਰ ਪੰਜਾਬੀ ਟੀਮ ਡੈਸਕ ਦੀ ਅਗਵਾਈ ਵਿੱਚ ਮੀਂਹ ਤੇ ਗੜ੍ਹੇਮਾਰੀ ਨਾਲ ਹੋਏ ਨੁਕਸਾਨ ਦਾ ਜਾਇਜ਼ਾ ਲਿਆ ਗਿਆ। ਉਧਰ ਪੰਜਾਬੀ ਟੀਮ ਡੈਸਕ ਦੀ ਅਗਵਾਈ ਵਿੱਚ ਮੀਂਹ ਤੇ ਗੜ੍ਹੇਮਾਰੀ ਨਾਲ ਹੋਏ ਨੁਕਸਾਨ ਦਾ ਜਾਇਜ਼ਾ ਲਿਆ ਗਿਆ। ਉਧਰ ਪੰਜਾਬੀ ਟੀਮ ਡੈਸਕ ਦੀ ਅਗਵਾਈ ਵਿੱਚ ਮੀਂਹ ਤੇ ਗੜ੍ਹੇਮਾਰੀ ਨਾਲ ਹੋਏ ਨੁਕਸਾਨ ਦਾ ਜਾਇਜ਼ਾ ਲਿਆ ਗਿਆ। ਉਧਰ ਪੰਜਾਬੀ ਟੀਮ ਡੈਸਕ ਦੀ ਅਗਵਾਈ ਵਿੱਚ ਮੀਂਹ ਤੇ ਗੜ੍ਹੇਮਾਰੀ ਨਾਲ ਹੋਏ ਨੁਕਸਾਨ ਦਾ ਜਾਇਜ਼ਾ ਲਿਆ ਗਿਆ। ਉਧਰ ਪੰਜਾਬੀ ਟੀਮ ਡੈਸਕ ਦੀ ਅਗਵਾਈ ਵਿੱਚ ਮੀਂਹ ਤੇ ਗੜ੍ਹੇਮਾਰੀ ਨਾਲ ਹੋਏ ਨੁਕਸਾਨ ਦਾ ਜਾਇਜ਼ਾ ਲਿਆ ਗਿਆ। ਉਧਰ ਪੰਜਾਬੀ ਟੀਮ ਡੈਸਕ ਦੀ ਅਗਵਾਈ ਵਿੱਚ ਮੀਂਹ ਤੇ ਗੜ੍ਹੇਮਾਰੀ ਨਾਲ ਹੋਏ ਨੁਕਸਾਨ ਦਾ ਜਾਇਜ਼ਾ ਲਿਆ ਗਿਆ। ਉਧਰ ਪੰਜਾਬੀ ਟੀਮ ਡੈਸਕ ਦੀ ਅਗਵਾਈ ਵਿੱਚ ਮੀਂਹ ਤੇ ਗੜ੍ਹੇਮਾਰੀ ਨਾਲ ਹੋਏ ਨੁਕਸਾਨ ਦਾ ਜਾਇਜ਼ਾ ਲਿਆ ਗਿਆ। ਉਧਰ ਪੰਜਾਬੀ ਟੀਮ ਡੈਸਕ ਦੀ ਅਗਵਾਈ ਵਿੱਚ ਮੀਂਹ ਤੇ ਗੜ੍ਹੇਮਾਰੀ ਨਾਲ ਹੋਏ ਨੁਕਸਾਨ ਦਾ ਜਾਇਜ਼ਾ ਲਿਆ ਗਿਆ। ਉਧਰ ਪੰਜਾਬੀ ਟੀਮ ਡੈਸਕ ਦੀ ਅਗਵਾਈ ਵਿੱਚ ਮੀਂਹ ਤੇ ਗੜ੍ਹੇਮਾਰੀ ਨਾਲ ਹੋਏ ਨੁਕਸਾਨ ਦਾ ਜਾਇਜ਼ਾ ਲਿਆ ਗਿਆ। ਉਧਰ ਪੰਜਾਬੀ ਟੀਮ ਡੈਸਕ ਦੀ ਅਗਵਾਈ ਵਿੱਚ ਮੀਂਹ ਤੇ ਗੜ੍ਹੇਮਾਰੀ ਨਾਲ ਹੋਏ ਨੁਕਸਾਨ ਦਾ ਜਾਇਜ਼ਾ ਲਿਆ ਗਿਆ। ਉਧਰ ਪੰਜਾਬੀ ਟੀਮ ਡੈਸਕ ਦੀ ਅਗਵਾਈ ਵਿੱਚ ਮੀਂਹ ਤੇ ਗੜ੍ਹੇਮਾਰੀ ਨਾਲ ਹੋਏ ਨੁਕਸਾਨ ਦਾ ਜਾਇਜ਼ਾ ਲਿਆ ਗਿਆ। ਉਧਰ ਪੰਜਾਬੀ ਟੀਮ ਡੈਸਕ ਦੀ ਅਗਵਾਈ ਵਿੱਚ ਮੀਂਹ ਤੇ ਗੜ੍ਹੇਮਾਰੀ ਨਾਲ ਹੋਏ ਨੁਕਸਾਨ ਦਾ ਜਾਇਜ਼ਾ ਲਿਆ ਗਿਆ। ਉਧਰ ਪੰਜਾਬੀ ਟੀਮ ਡੈਸਕ ਦੀ ਅਗਵਾਈ ਵਿੱਚ ਮੀਂਹ ਤੇ ਗੜ੍ਹੇਮਾਰੀ ਨਾਲ ਹੋਏ ਨੁਕਸਾਨ ਦਾ ਜਾਇਜ਼ਾ ਲਿਆ ਗਿਆ। ਉਧਰ ਪੰਜਾਬੀ ਟੀਮ ਡੈਸਕ ਦੀ ਅਗਵਾਈ ਵਿੱਚ ਮੀਂਹ ਤੇ ਗੜ੍ਹੇਮਾਰੀ ਨਾਲ ਹੋਏ ਨੁਕਸਾਨ ਦਾ ਜਾਇਜ਼ਾ ਲਿਆ ਗਿਆ।
ਇਹ ਪੰਥਕ ਇਕੱਤਰਤਾ ਸੀ ...
ਅਕਾਲੀ ਦਲ ਬਾਦਲ ਨੇ 1978 'ਚ 13 ਸਿੱਖ ਸ਼ਹੀਦ ਕਰਵਾਏ, ਨਰਕਧਾਰੀ ਮੁਖੀ ਨੂੰ ਭਜਾਇਆ। ਕਮੇਟੀ ਕਮੇਟੀ ਦੇ ਦਫ਼ਤਰ 'ਚ ਡੇਰਾ ਸਿਰਸਾ ਮੁਖੀ ਤੇ ਬੇਅਦਬੀ ਦੇ ਹੋਰ ਦੁਸ਼ਟਾਂ ਦਾ ਸਨਮਾਨ ਕੀਤਾ ਜਾਂਦਾ ਸੀ। ਵਾਹ ਬਾਦਲ ਦਲੀਓ! ਤੁਹਾਡੇ ਕਾਰੇ ਕਿੰਨੇ ਮਹਾਨ ਹਨ, ਪੰਥ ਯਾਦ ਰੱਖੇਗਾ। (ਪ੍ਰਧਾਨ ਸਿੱਖ ਯੂਥ ਫੈਡਰੇਸ਼ਨ ਭਿੰਡਰਾਂਵਾਲਾ) ਮੋ: 8872293883. ਅਕਾਲੀ ਦਲ ਬਾਦਲ ਨੇ 1978 'ਚ 13 ਸਿੱਖ ਸ਼ਹੀਦ ਕਰਵਾਏ, ਨਰਕਧਾਰੀ ਮੁਖੀ ਨੂੰ ਭਜਾਇਆ। ਕਮੇਟੀ ਕਮੇਟੀ ਦੇ ਦਫ਼ਤਰ 'ਚ ਡੇਰਾ ਸਿਰਸਾ ਮੁਖੀ ਤੇ ਬੇਅਦਬੀ ਦੇ ਹੋਰ ਦੁਸ਼ਟਾਂ ਦਾ ਸਨਮਾਨ ਕੀਤਾ ਜਾਂਦਾ ਸੀ। ਵਾਹ ਬਾਦਲ ਦਲੀਓ! ਤੁਹਾਡੇ ਕਾਰੇ ਕਿੰਨੇ ਮਹਾਨ ਹਨ, ਪੰਥ ਯਾਦ ਰੱਖੇਗਾ। (ਪ੍ਰਧਾਨ ਸਿੱਖ ਯੂਥ ਫੈਡਰੇਸ਼ਨ ਭਿੰਡਰਾਂਵਾਲਾ) ਮੋ: 8872293883. ਅਕਾਲੀ ਦਲ ਬਾਦਲ ਨੇ 1978 'ਚ 13 ਸਿੱਖ ਸ਼ਹੀਦ ਕਰਵਾਏ, ਨਰਕਧਾਰੀ ਮੁਖੀ ਨੂੰ ਭਜਾਇਆ। ਕਮੇਟੀ ਕਮੇਟੀ ਦੇ ਦਫ਼ਤਰ 'ਚ ਡੇਰਾ ਸਿਰਸਾ ਮੁਖੀ ਤੇ ਬੇਅਦਬੀ ਦੇ ਹੋਰ ਦੁਸ਼ਟਾਂ ਦਾ ਸਨਮਾਨ ਕੀਤਾ ਜਾਂਦਾ ਸੀ। ਵਾਹ ਬਾਦਲ ਦਲੀਓ! ਤੁਹਾਡੇ ਕਾਰੇ ਕਿੰਨੇ ਮਹਾਨ ਹਨ, ਪੰਥ ਯਾਦ ਰੱਖੇਗਾ। (ਪ੍ਰਧਾਨ ਸਿੱਖ ਯੂਥ ਫੈਡਰੇਸ਼ਨ ਭਿੰਡਰਾਂਵਾਲਾ) ਮੋ: 8872293883. ਅਕਾਲੀ ਦਲ ਬਾਦਲ ਨੇ 1978 'ਚ 13 ਸਿੱਖ ਸ਼ਹੀਦ ਕਰਵਾਏ, ਨਰਕਧਾਰੀ ਮੁਖੀ ਨੂੰ ਭਜਾਇਆ। ਕਮੇਟੀ ਕਮੇਟੀ ਦੇ ਦਫ਼ਤਰ 'ਚ ਡੇਰਾ ਸਿਰਸਾ ਮੁਖੀ ਤੇ ਬੇਅਦਬੀ ਦੇ ਹੋਰ ਦੁਸ਼ਟਾਂ ਦਾ ਸਨਮਾਨ ਕੀਤਾ ਜਾਂਦਾ ਸੀ। ਵਾਹ ਬਾਦਲ ਦਲੀਓ! ਤੁਹਾਡੇ ਕਾਰੇ ਕਿੰਨੇ ਮਹਾਨ ਹਨ, ਪੰਥ ਯਾਦ ਰੱਖੇਗਾ। (ਪ੍ਰਧਾਨ ਸਿੱਖ ਯੂਥ ਫੈਡਰੇਸ਼ਨ ਭਿੰਡਰਾਂਵਾਲਾ) ਮੋ: 8872293883. ਅਕਾਲੀ ਦਲ ਬਾਦਲ ਨੇ 1978 'ਚ 13 ਸਿੱਖ ਸ਼ਹੀਦ ਕਰਵਾਏ, ਨਰਕਧਾਰੀ ਮੁਖੀ ਨੂੰ ਭਜਾਇਆ। ਕਮੇਟੀ ਕਮੇਟੀ ਦੇ ਦਫ਼ਤਰ 'ਚ ਡੇਰਾ ਸਿਰਸਾ ਮੁਖੀ ਤੇ ਬੇਅਦਬੀ ਦੇ ਹੋਰ ਦੁਸ਼ਟਾਂ ਦਾ ਸਨਮਾਨ ਕੀਤਾ ਜਾਂਦਾ ਸੀ। ਵਾਹ ਬਾਦਲ ਦਲੀਓ! ਤੁਹਾਡੇ ਕਾਰੇ ਕਿੰਨੇ ਮਹਾਨ ਹਨ, ਪੰਥ ਯਾਦ ਰੱਖੇਗਾ। (ਪ੍ਰਧਾਨ ਸਿੱਖ ਯੂਥ ਫੈਡਰੇਸ਼ਨ ਭਿੰਡਰਾਂਵਾਲਾ) ਮੋ: 8872293883. ਅਕਾਲੀ ਦਲ ਬਾਦਲ ਨੇ 1978 'ਚ 13 ਸਿੱਖ ਸ਼ਹੀਦ ਕਰਵਾਏ, ਨਰਕਧਾਰੀ ਮੁਖੀ ਨੂੰ ਭਜਾਇਆ। ਕਮੇਟੀ ਕਮੇਟੀ ਦੇ ਦਫ਼ਤਰ 'ਚ ਡੇਰਾ ਸਿਰਸਾ ਮੁਖੀ ਤੇ ਬੇਅਦਬੀ ਦੇ ਹੋਰ ਦੁਸ਼ਟਾਂ ਦਾ ਸਨਮਾਨ ਕੀਤਾ ਜਾਂਦਾ ਸੀ। ਵਾਹ ਬਾਦਲ ਦਲੀਓ! ਤੁਹਾਡੇ ਕਾਰੇ ਕਿੰਨੇ ਮਹਾਨ ਹਨ, ਪੰਥ ਯਾਦ ਰੱਖੇਗਾ। (ਪ੍ਰਧਾਨ ਸਿੱਖ ਯੂਥ ਫੈਡਰੇਸ਼ਨ ਭਿੰਡਰਾਂਵਾਲਾ) ਮੋ: 8872293883. ਅਕਾਲੀ ਦਲ ਬਾਦਲ ਨੇ 1978 'ਚ 13 ਸਿੱਖ ਸ਼ਹੀਦ ਕਰਵਾਏ, ਨਰਕਧਾਰੀ ਮੁਖੀ ਨੂੰ ਭਜਾਇਆ। ਕਮੇਟੀ ਕਮੇਟੀ ਦੇ ਦਫ਼ਤਰ 'ਚ ਡੇਰਾ ਸਿਰਸਾ ਮੁਖੀ ਤੇ ਬੇਅਦਬੀ ਦੇ ਹੋਰ ਦੁਸ਼ਟਾਂ ਦਾ ਸਨਮਾਨ ਕੀਤਾ ਜਾਂਦਾ ਸੀ। ਵਾਹ ਬਾਦਲ ਦਲੀਓ! ਤੁਹਾਡੇ ਕਾਰੇ ਕਿੰਨੇ ਮਹਾਨ ਹਨ, ਪੰਥ ਯਾਦ ਰੱਖੇਗਾ। (ਪ੍ਰਧਾਨ ਸਿੱਖ ਯੂਥ ਫੈਡਰੇਸ਼ਨ ਭਿੰਡਰਾਂਵਾਲਾ) ਮੋ: 8872293883. ਅਕਾਲੀ ਦਲ ਬਾਦਲ ਨੇ 1978 'ਚ 13 ਸਿੱਖ ਸ਼ਹੀਦ ਕਰਵਾਏ, ਨਰਕਧਾਰੀ ਮੁਖੀ ਨੂੰ ਭਜਾਇਆ। ਕਮੇਟੀ ਕਮੇਟੀ ਦੇ ਦਫ਼ਤਰ 'ਚ ਡੇਰਾ ਸਿਰਸਾ ਮੁਖੀ ਤੇ ਬੇਅਦਬੀ ਦੇ ਹੋਰ ਦੁਸ਼ਟਾਂ ਦਾ ਸਨਮਾਨ ਕੀਤਾ ਜਾਂਦਾ ਸੀ। ਵਾਹ ਬਾਦਲ ਦਲੀਓ! ਤੁਹਾਡੇ ਕਾਰੇ ਕਿੰਨੇ ਮਹਾਨ ਹਨ, ਪੰਥ ਯਾਦ ਰੱਖੇਗਾ। (ਪ੍ਰਧਾਨ ਸਿੱਖ ਯੂਥ ਫੈਡਰੇਸ਼ਨ ਭਿੰਡਰਾਂਵਾਲਾ) ਮੋ: 8872293883.
'ਸ਼ਾਨਦਾਰ ਚਾਰ ਸਾਲ ਭਗਵੰਤ ਮਾਨ ਨਾਲ' ਦੀ ਲਹਿਰ ਨਾਲ ਸੂਬੇ ਦਾ ਸਰਵਪੱਖੀ ਵਿਕਾਸ ਹੋਇਆ -ਬਲਾਕ ਸੰਮਤੀ ਮੈਂਬਰ ਕਾਉਂਕੇ
ਜਗਰਾਓਂ, 8 ਅਪ੍ਰੈਲ (ਜਸਵੰਤ ਸਿੰਘ ਸਹੋਤਾ)- ਪਿੰਡ ਕਾਉਂਕੇ ਕਲਾਂ ਤੋਂ ਬਲਾਕ ਸੰਮਤੀ ਮੈਂਬਰ ਨੇ ਕਿਹਾ ਕਿ ਮੁੱਖ ਮੰਤਰੀ ਭਗਵੰਤ ਮਾਨ ਦੀ ਅਗਵਾਈ ਵਾਲੀ ਸਰਕਾਰ ਨੇ ਚਾਰ ਸਾਲਾਂ ਵਿੱਚ ਪਿੰਡਾਂ ਦਾ ਸਰਵਪੱਖੀ ਵਿਕਾਸ ਕੀਤਾ ਹੈ। ਇਸ ਮੌਕੇ ਸਕੂਲਾਂ ਵਿੱਚ ਦਾਖ਼ਲੇ ਵਧੇ ਅਤੇ ਵਿਦਿਆਰਥੀਆਂ ਦਾ ਮਾਣ ਸਨਮਾਨ ਕੀਤਾ ਜਾ ਰਿਹਾ ਹੈ। ਜਗਰਾਓਂ, 8 ਅਪ੍ਰੈਲ (ਜਸਵੰਤ ਸਿੰਘ ਸਹੋਤਾ)- ਪਿੰਡ ਕਾਉਂਕੇ ਕਲਾਂ ਤੋਂ ਬਲਾਕ ਸੰਮਤੀ ਮੈਂਬਰ ਨੇ ਕਿਹਾ ਕਿ ਮੁੱਖ ਮੰਤਰੀ ਭਗਵੰਤ ਮਾਨ ਦੀ ਅਗਵਾਈ ਵਾਲੀ ਸਰਕਾਰ ਨੇ ਚਾਰ ਸਾਲਾਂ ਵਿੱਚ ਪਿੰਡਾਂ ਦਾ ਸਰਵਪੱਖੀ ਵਿਕਾਸ ਕੀਤਾ ਹੈ। ਇਸ ਮੌਕੇ ਸਕੂਲਾਂ ਵਿੱਚ ਦਾਖ਼ਲੇ ਵਧੇ ਅਤੇ ਵਿਦਿਆਰਥੀਆਂ ਦਾ ਮਾਣ ਸਨਮਾਨ ਕੀਤਾ ਜਾ ਰਿਹਾ ਹੈ। ਜਗਰਾਓਂ, 8 ਅਪ੍ਰੈਲ (ਜਸਵੰਤ ਸਿੰਘ ਸਹੋਤਾ)- ਪਿੰਡ ਕਾਉਂਕੇ ਕਲਾਂ ਤੋਂ ਬਲਾਕ ਸੰਮਤੀ ਮੈਂਬਰ ਨੇ ਕਿਹਾ ਕਿ ਮੁੱਖ ਮੰਤਰੀ ਭਗਵੰਤ ਮਾਨ ਦੀ ਅਗਵਾਈ ਵਾਲੀ ਸਰਕਾਰ ਨੇ ਚਾਰ ਸਾਲਾਂ ਵਿੱਚ ਪਿੰਡਾਂ ਦਾ ਸਰਵਪੱਖੀ ਵਿਕਾਸ ਕੀਤਾ ਹੈ। ਇਸ ਮੌਕੇ ਸਕੂਲਾਂ ਵਿੱਚ ਦਾਖ਼ਲੇ ਵਧੇ ਅਤੇ ਵਿਦਿਆਰਥੀਆਂ ਦਾ ਮਾਣ ਸਨਮਾਨ ਕੀਤਾ ਜਾ ਰਿਹਾ ਹੈ। ਜਗਰਾਓਂ, 8 ਅਪ੍ਰੈਲ (ਜਸਵੰਤ ਸਿੰਘ ਸਹੋਤਾ)- ਪਿੰਡ ਕਾਉਂਕੇ ਕਲਾਂ ਤੋਂ ਬਲਾਕ ਸੰਮਤੀ ਮੈਂਬਰ ਨੇ ਕਿਹਾ ਕਿ ਮੁੱਖ ਮੰਤਰੀ ਭਗਵੰਤ ਮਾਨ ਦੀ ਅਗਵਾਈ ਵਾਲੀ ਸਰਕਾਰ ਨੇ ਚਾਰ ਸਾਲਾਂ ਵਿੱਚ ਪਿੰਡਾਂ ਦਾ ਸਰਵਪੱਖੀ ਵਿਕਾਸ ਕੀਤਾ ਹੈ। ਇਸ ਮੌਕੇ ਸਕੂਲਾਂ ਵਿੱਚ ਦਾਖ਼ਲੇ ਵਧੇ ਅਤੇ ਵਿਦਿਆਰਥੀਆਂ ਦਾ ਮਾਣ ਸਨਮਾਨ ਕੀਤਾ ਜਾ ਰਿਹਾ ਹੈ। ਜਗਰਾਓਂ, 8 ਅਪ੍ਰੈਲ (ਜਸਵੰਤ ਸਿੰਘ ਸਹੋਤਾ)- ਪਿੰਡ ਕਾਉਂਕੇ ਕਲਾਂ ਤੋਂ ਬਲਾਕ ਸੰਮਤੀ ਮੈਂਬਰ ਨੇ ਕਿਹਾ ਕਿ ਮੁੱਖ ਮੰਤਰੀ ਭਗਵੰਤ ਮਾਨ ਦੀ ਅਗਵਾਈ ਵਾਲੀ ਸਰਕਾਰ ਨੇ ਚਾਰ ਸਾਲਾਂ ਵਿੱਚ ਪਿੰਡਾਂ ਦਾ ਸਰਵਪੱਖੀ ਵਿਕਾਸ ਕੀਤਾ ਹੈ। ਇਸ ਮੌਕੇ ਸਕੂਲਾਂ ਵਿੱਚ ਦਾਖ਼ਲੇ ਵਧੇ ਅਤੇ ਵਿਦਿਆਰਥੀਆਂ ਦਾ ਮਾਣ ਸਨਮਾਨ ਕੀਤਾ ਜਾ ਰਿਹਾ ਹੈ। ਜਗਰਾਓਂ, 8 ਅਪ੍ਰੈਲ (ਜਸਵੰਤ ਸਿੰਘ ਸਹੋਤਾ)- ਪਿੰਡ ਕਾਉਂਕੇ ਕਲਾਂ ਤੋਂ ਬਲਾਕ ਸੰਮਤੀ ਮੈਂਬਰ ਨੇ ਕਿਹਾ ਕਿ ਮੁੱਖ ਮੰਤਰੀ ਭਗਵੰਤ ਮਾਨ ਦੀ ਅਗਵਾਈ ਵਾਲੀ ਸਰਕਾਰ ਨੇ ਚਾਰ ਸਾਲਾਂ ਵਿੱਚ ਪਿੰਡਾਂ ਦਾ ਸਰਵਪੱਖੀ ਵਿਕਾਸ ਕੀਤਾ ਹੈ। ਇਸ ਮੌਕੇ ਸਕੂਲਾਂ ਵਿੱਚ ਦਾਖ਼ਲੇ ਵਧੇ ਅਤੇ ਵਿਦਿਆਰਥੀਆਂ ਦਾ ਮਾਣ ਸਨਮਾਨ ਕੀਤਾ ਜਾ ਰਿਹਾ ਹੈ।
Editor, Printer and Publisher Rishabdeep Singh, Printed at: Impression Printing & Packaging (Ltd.) Plot No. 22 Phase-2 industrial Area Panchkula (Haryana) 134109 & Published From 3223, First Floor, Sector-35D, Chandigarh
